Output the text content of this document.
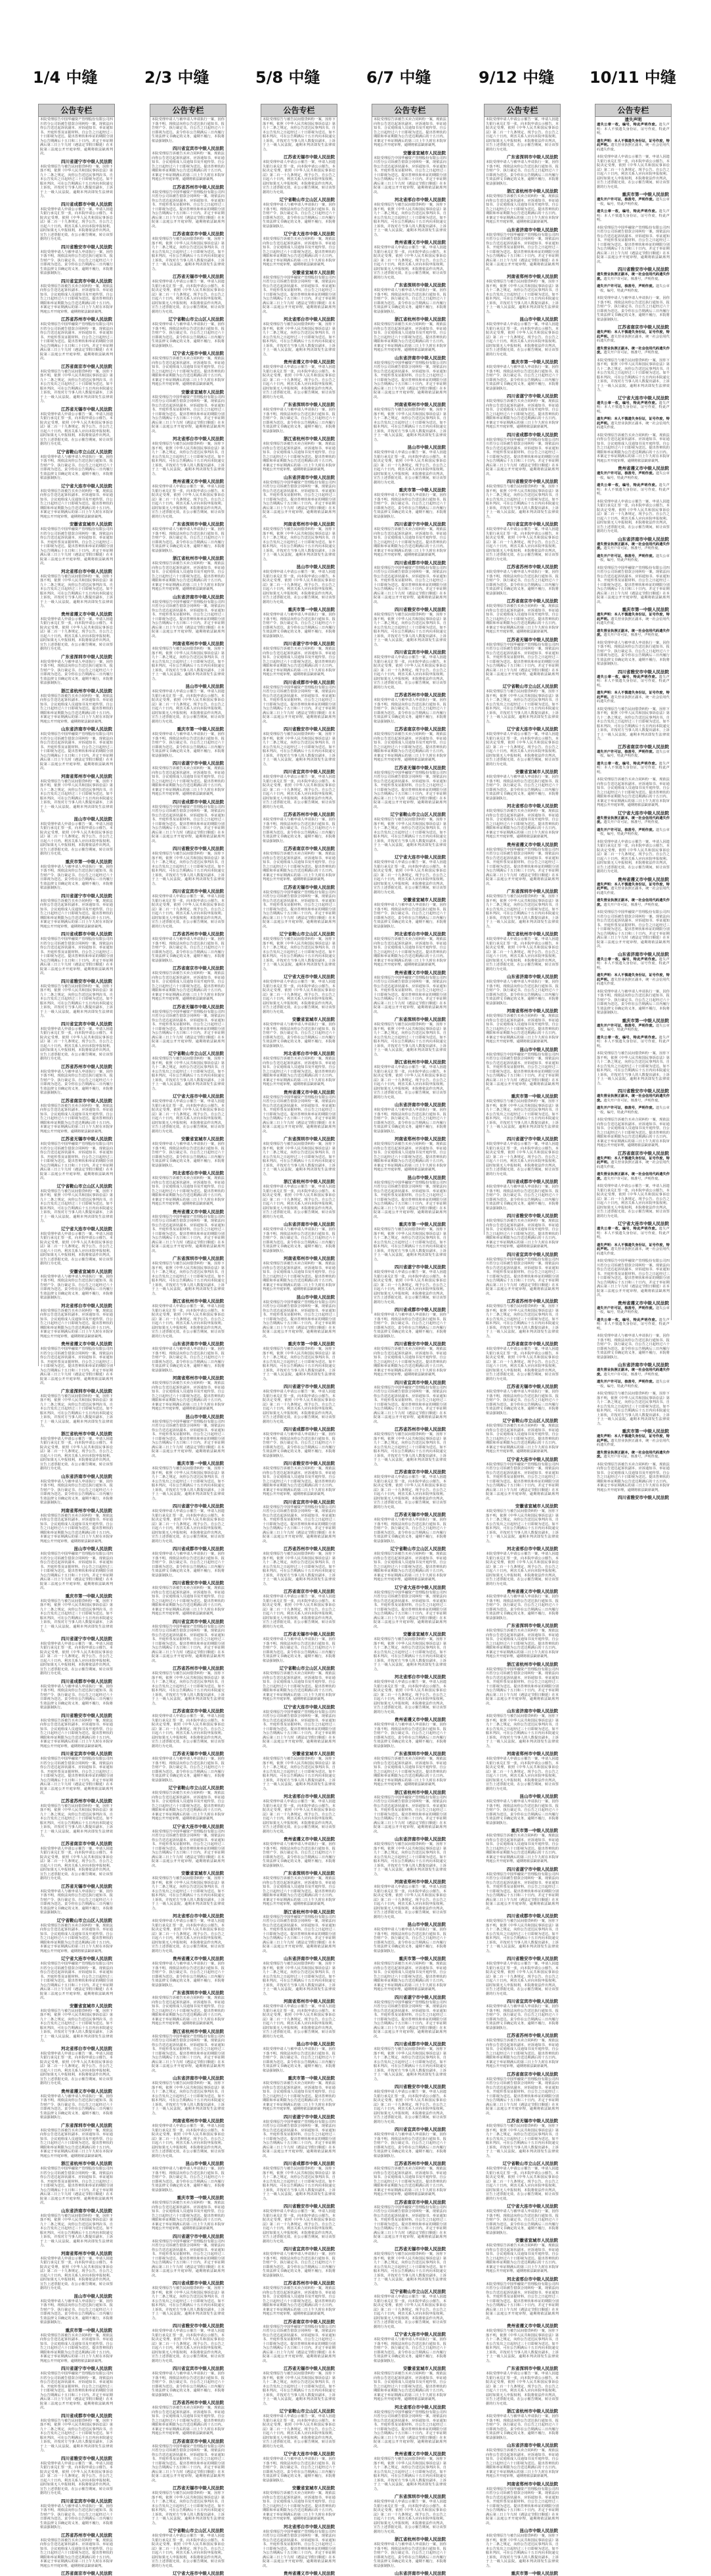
1/4 中缝
公告专栏
本院受理原告中国华融资产管理股份有限公司四川省分公司诉被告借款合同纠纷一案，现依法向你公告送达起诉状副本、应诉通知书、举证通知书、开庭传票及证据材料。自公告之日起经过三十日即视为送达。提出答辩状和举证的期限分别为公告期满后十五日和三十日内。并定于举证期满后第三日上午九时（遇法定节假日顺延）在本院第三法庭公开开庭审理，逾期将依法缺席判决。
四川省遂宁市中级人民法院
本院受理原告与被告民间借贷纠纷一案，因你下落不明，依照《中华人民共和国民事诉讼法》第九十二条之规定，向你公告送达民事判决书。自本公告发出之日起经过三十日即视为送达。如不服本判决，可在公告期满后十五日内向本院递交上诉状，并按对方当事人的人数提出副本，上诉于上一级人民法院。逾期本判决即发生法律效力。
四川省成都市中级人民法院
本院受理申请人申请公示催告一案，申请人因遗失银行承兑汇票一张，向本院申请公示催告。本院决定受理，依照《中华人民共和国民事诉讼法》第二百一十九条规定，现予公告。自公告之日起六十日内，利害关系人应向本院申报权利。届时如果无人申报权利，本院将依法作出判决，宣告上述票据无效。在公示催告期间，转让该票据的行为无效。
四川省雅安市中级人民法院
本院受理申请人与被申请人申请执行一案，因你下落不明，现依法向你公告送达执行通知书、报告财产令、执行裁定书。自公告之日起经过六十日即视为送达。责令你在公告期满后三日内履行生效法律文书确定的义务，逾期不履行，本院将依法强制执行。
四川省宜宾市中级人民法院
本院受理原告诉被告买卖合同纠纷一案，现依法向你公告送达起诉状副本、应诉通知书、举证通知书、合议庭组成人员通知书及开庭传票。自公告之日起经过六十日即视为送达。提出答辩状的期限和举证期限为公告送达期满后的十五日内。本案定于举证期满后的第三日上午九时在本院审判庭公开开庭审理，逾期将依法缺席裁判。
江苏省苏州市中级人民法院
本院受理原告中国华融资产管理股份有限公司四川省分公司诉被告借款合同纠纷一案，现依法向你公告送达起诉状副本、应诉通知书、举证通知书、开庭传票及证据材料。自公告之日起经过三十日即视为送达。提出答辩状和举证的期限分别为公告期满后十五日和三十日内。并定于举证期满后第三日上午九时（遇法定节假日顺延）在本院第三法庭公开开庭审理，逾期将依法缺席判决。
江苏省南京市中级人民法院
本院受理原告与被告民间借贷纠纷一案，因你下落不明，依照《中华人民共和国民事诉讼法》第九十二条之规定，向你公告送达民事判决书。自本公告发出之日起经过三十日即视为送达。如不服本判决，可在公告期满后十五日内向本院递交上诉状，并按对方当事人的人数提出副本，上诉于上一级人民法院。逾期本判决即发生法律效力。
江苏省无锡市中级人民法院
本院受理申请人申请公示催告一案，申请人因遗失银行承兑汇票一张，向本院申请公示催告。本院决定受理，依照《中华人民共和国民事诉讼法》第二百一十九条规定，现予公告。自公告之日起六十日内，利害关系人应向本院申报权利。届时如果无人申报权利，本院将依法作出判决，宣告上述票据无效。在公示催告期间，转让该票据的行为无效。
辽宁省鞍山市立山区人民法院
本院受理申请人与被申请人申请执行一案，因你下落不明，现依法向你公告送达执行通知书、报告财产令、执行裁定书。自公告之日起经过六十日即视为送达。责令你在公告期满后三日内履行生效法律文书确定的义务，逾期不履行，本院将依法强制执行。
辽宁省大连市中级人民法院
本院受理原告诉被告买卖合同纠纷一案，现依法向你公告送达起诉状副本、应诉通知书、举证通知书、合议庭组成人员通知书及开庭传票。自公告之日起经过六十日即视为送达。提出答辩状的期限和举证期限为公告送达期满后的十五日内。本案定于举证期满后的第三日上午九时在本院审判庭公开开庭审理，逾期将依法缺席裁判。
安徽省宣城市人民法院
本院受理原告中国华融资产管理股份有限公司四川省分公司诉被告借款合同纠纷一案，现依法向你公告送达起诉状副本、应诉通知书、举证通知书、开庭传票及证据材料。自公告之日起经过三十日即视为送达。提出答辩状和举证的期限分别为公告期满后十五日和三十日内。并定于举证期满后第三日上午九时（遇法定节假日顺延）在本院第三法庭公开开庭审理，逾期将依法缺席判决。
河北省邢台市中级人民法院
本院受理原告与被告民间借贷纠纷一案，因你下落不明，依照《中华人民共和国民事诉讼法》第九十二条之规定，向你公告送达民事判决书。自本公告发出之日起经过三十日即视为送达。如不服本判决，可在公告期满后十五日内向本院递交上诉状，并按对方当事人的人数提出副本，上诉于上一级人民法院。逾期本判决即发生法律效力。
贵州省遵义市中级人民法院
本院受理申请人申请公示催告一案，申请人因遗失银行承兑汇票一张，向本院申请公示催告。本院决定受理，依照《中华人民共和国民事诉讼法》第二百一十九条规定，现予公告。自公告之日起六十日内，利害关系人应向本院申报权利。届时如果无人申报权利，本院将依法作出判决，宣告上述票据无效。在公示催告期间，转让该票据的行为无效。
广东省深圳市中级人民法院
本院受理申请人与被申请人申请执行一案，因你下落不明，现依法向你公告送达执行通知书、报告财产令、执行裁定书。自公告之日起经过六十日即视为送达。责令你在公告期满后三日内履行生效法律文书确定的义务，逾期不履行，本院将依法强制执行。
浙江省杭州市中级人民法院
本院受理原告诉被告买卖合同纠纷一案，现依法向你公告送达起诉状副本、应诉通知书、举证通知书、合议庭组成人员通知书及开庭传票。自公告之日起经过六十日即视为送达。提出答辩状的期限和举证期限为公告送达期满后的十五日内。本案定于举证期满后的第三日上午九时在本院审判庭公开开庭审理，逾期将依法缺席裁判。
山东省济南市中级人民法院
本院受理原告中国华融资产管理股份有限公司四川省分公司诉被告借款合同纠纷一案，现依法向你公告送达起诉状副本、应诉通知书、举证通知书、开庭传票及证据材料。自公告之日起经过三十日即视为送达。提出答辩状和举证的期限分别为公告期满后十五日和三十日内。并定于举证期满后第三日上午九时（遇法定节假日顺延）在本院第三法庭公开开庭审理，逾期将依法缺席判决。
河南省郑州市中级人民法院
本院受理原告与被告民间借贷纠纷一案，因你下落不明，依照《中华人民共和国民事诉讼法》第九十二条之规定，向你公告送达民事判决书。自本公告发出之日起经过三十日即视为送达。如不服本判决，可在公告期满后十五日内向本院递交上诉状，并按对方当事人的人数提出副本，上诉于上一级人民法院。逾期本判决即发生法律效力。
昆山市中级人民法院
本院受理申请人申请公示催告一案，申请人因遗失银行承兑汇票一张，向本院申请公示催告。本院决定受理，依照《中华人民共和国民事诉讼法》第二百一十九条规定，现予公告。自公告之日起六十日内，利害关系人应向本院申报权利。届时如果无人申报权利，本院将依法作出判决，宣告上述票据无效。在公示催告期间，转让该票据的行为无效。
重庆市第一中级人民法院
本院受理申请人与被申请人申请执行一案，因你下落不明，现依法向你公告送达执行通知书、报告财产令、执行裁定书。自公告之日起经过六十日即视为送达。责令你在公告期满后三日内履行生效法律文书确定的义务，逾期不履行，本院将依法强制执行。
四川省遂宁市中级人民法院
本院受理原告诉被告买卖合同纠纷一案，现依法向你公告送达起诉状副本、应诉通知书、举证通知书、合议庭组成人员通知书及开庭传票。自公告之日起经过六十日即视为送达。提出答辩状的期限和举证期限为公告送达期满后的十五日内。本案定于举证期满后的第三日上午九时在本院审判庭公开开庭审理，逾期将依法缺席裁判。
四川省成都市中级人民法院
本院受理原告中国华融资产管理股份有限公司四川省分公司诉被告借款合同纠纷一案，现依法向你公告送达起诉状副本、应诉通知书、举证通知书、开庭传票及证据材料。自公告之日起经过三十日即视为送达。提出答辩状和举证的期限分别为公告期满后十五日和三十日内。并定于举证期满后第三日上午九时（遇法定节假日顺延）在本院第三法庭公开开庭审理，逾期将依法缺席判决。
四川省雅安市中级人民法院
本院受理原告与被告民间借贷纠纷一案，因你下落不明，依照《中华人民共和国民事诉讼法》第九十二条之规定，向你公告送达民事判决书。自本公告发出之日起经过三十日即视为送达。如不服本判决，可在公告期满后十五日内向本院递交上诉状，并按对方当事人的人数提出副本，上诉于上一级人民法院。逾期本判决即发生法律效力。
四川省宜宾市中级人民法院
本院受理申请人申请公示催告一案，申请人因遗失银行承兑汇票一张，向本院申请公示催告。本院决定受理，依照《中华人民共和国民事诉讼法》第二百一十九条规定，现予公告。自公告之日起六十日内，利害关系人应向本院申报权利。届时如果无人申报权利，本院将依法作出判决，宣告上述票据无效。在公示催告期间，转让该票据的行为无效。
江苏省苏州市中级人民法院
本院受理申请人与被申请人申请执行一案，因你下落不明，现依法向你公告送达执行通知书、报告财产令、执行裁定书。自公告之日起经过六十日即视为送达。责令你在公告期满后三日内履行生效法律文书确定的义务，逾期不履行，本院将依法强制执行。
江苏省南京市中级人民法院
本院受理原告诉被告买卖合同纠纷一案，现依法向你公告送达起诉状副本、应诉通知书、举证通知书、合议庭组成人员通知书及开庭传票。自公告之日起经过六十日即视为送达。提出答辩状的期限和举证期限为公告送达期满后的十五日内。本案定于举证期满后的第三日上午九时在本院审判庭公开开庭审理，逾期将依法缺席裁判。
江苏省无锡市中级人民法院
本院受理原告中国华融资产管理股份有限公司四川省分公司诉被告借款合同纠纷一案，现依法向你公告送达起诉状副本、应诉通知书、举证通知书、开庭传票及证据材料。自公告之日起经过三十日即视为送达。提出答辩状和举证的期限分别为公告期满后十五日和三十日内。并定于举证期满后第三日上午九时（遇法定节假日顺延）在本院第三法庭公开开庭审理，逾期将依法缺席判决。
辽宁省鞍山市立山区人民法院
本院受理原告与被告民间借贷纠纷一案，因你下落不明，依照《中华人民共和国民事诉讼法》第九十二条之规定，向你公告送达民事判决书。自本公告发出之日起经过三十日即视为送达。如不服本判决，可在公告期满后十五日内向本院递交上诉状，并按对方当事人的人数提出副本，上诉于上一级人民法院。逾期本判决即发生法律效力。
辽宁省大连市中级人民法院
本院受理申请人申请公示催告一案，申请人因遗失银行承兑汇票一张，向本院申请公示催告。本院决定受理，依照《中华人民共和国民事诉讼法》第二百一十九条规定，现予公告。自公告之日起六十日内，利害关系人应向本院申报权利。届时如果无人申报权利，本院将依法作出判决，宣告上述票据无效。在公示催告期间，转让该票据的行为无效。
安徽省宣城市人民法院
本院受理申请人与被申请人申请执行一案，因你下落不明，现依法向你公告送达执行通知书、报告财产令、执行裁定书。自公告之日起经过六十日即视为送达。责令你在公告期满后三日内履行生效法律文书确定的义务，逾期不履行，本院将依法强制执行。
河北省邢台市中级人民法院
本院受理原告诉被告买卖合同纠纷一案，现依法向你公告送达起诉状副本、应诉通知书、举证通知书、合议庭组成人员通知书及开庭传票。自公告之日起经过六十日即视为送达。提出答辩状的期限和举证期限为公告送达期满后的十五日内。本案定于举证期满后的第三日上午九时在本院审判庭公开开庭审理，逾期将依法缺席裁判。
贵州省遵义市中级人民法院
本院受理原告中国华融资产管理股份有限公司四川省分公司诉被告借款合同纠纷一案，现依法向你公告送达起诉状副本、应诉通知书、举证通知书、开庭传票及证据材料。自公告之日起经过三十日即视为送达。提出答辩状和举证的期限分别为公告期满后十五日和三十日内。并定于举证期满后第三日上午九时（遇法定节假日顺延）在本院第三法庭公开开庭审理，逾期将依法缺席判决。
广东省深圳市中级人民法院
本院受理原告与被告民间借贷纠纷一案，因你下落不明，依照《中华人民共和国民事诉讼法》第九十二条之规定，向你公告送达民事判决书。自本公告发出之日起经过三十日即视为送达。如不服本判决，可在公告期满后十五日内向本院递交上诉状，并按对方当事人的人数提出副本，上诉于上一级人民法院。逾期本判决即发生法律效力。
浙江省杭州市中级人民法院
本院受理申请人申请公示催告一案，申请人因遗失银行承兑汇票一张，向本院申请公示催告。本院决定受理，依照《中华人民共和国民事诉讼法》第二百一十九条规定，现予公告。自公告之日起六十日内，利害关系人应向本院申报权利。届时如果无人申报权利，本院将依法作出判决，宣告上述票据无效。在公示催告期间，转让该票据的行为无效。
山东省济南市中级人民法院
本院受理申请人与被申请人申请执行一案，因你下落不明，现依法向你公告送达执行通知书、报告财产令、执行裁定书。自公告之日起经过六十日即视为送达。责令你在公告期满后三日内履行生效法律文书确定的义务，逾期不履行，本院将依法强制执行。
河南省郑州市中级人民法院
本院受理原告诉被告买卖合同纠纷一案，现依法向你公告送达起诉状副本、应诉通知书、举证通知书、合议庭组成人员通知书及开庭传票。自公告之日起经过六十日即视为送达。提出答辩状的期限和举证期限为公告送达期满后的十五日内。本案定于举证期满后的第三日上午九时在本院审判庭公开开庭审理，逾期将依法缺席裁判。
昆山市中级人民法院
本院受理原告中国华融资产管理股份有限公司四川省分公司诉被告借款合同纠纷一案，现依法向你公告送达起诉状副本、应诉通知书、举证通知书、开庭传票及证据材料。自公告之日起经过三十日即视为送达。提出答辩状和举证的期限分别为公告期满后十五日和三十日内。并定于举证期满后第三日上午九时（遇法定节假日顺延）在本院第三法庭公开开庭审理，逾期将依法缺席判决。
重庆市第一中级人民法院
本院受理原告与被告民间借贷纠纷一案，因你下落不明，依照《中华人民共和国民事诉讼法》第九十二条之规定，向你公告送达民事判决书。自本公告发出之日起经过三十日即视为送达。如不服本判决，可在公告期满后十五日内向本院递交上诉状，并按对方当事人的人数提出副本，上诉于上一级人民法院。逾期本判决即发生法律效力。
四川省遂宁市中级人民法院
本院受理申请人申请公示催告一案，申请人因遗失银行承兑汇票一张，向本院申请公示催告。本院决定受理，依照《中华人民共和国民事诉讼法》第二百一十九条规定，现予公告。自公告之日起六十日内，利害关系人应向本院申报权利。届时如果无人申报权利，本院将依法作出判决，宣告上述票据无效。在公示催告期间，转让该票据的行为无效。
四川省成都市中级人民法院
本院受理申请人与被申请人申请执行一案，因你下落不明，现依法向你公告送达执行通知书、报告财产令、执行裁定书。自公告之日起经过六十日即视为送达。责令你在公告期满后三日内履行生效法律文书确定的义务，逾期不履行，本院将依法强制执行。
四川省雅安市中级人民法院
本院受理原告诉被告买卖合同纠纷一案，现依法向你公告送达起诉状副本、应诉通知书、举证通知书、合议庭组成人员通知书及开庭传票。自公告之日起经过六十日即视为送达。提出答辩状的期限和举证期限为公告送达期满后的十五日内。本案定于举证期满后的第三日上午九时在本院审判庭公开开庭审理，逾期将依法缺席裁判。
四川省宜宾市中级人民法院
本院受理原告中国华融资产管理股份有限公司四川省分公司诉被告借款合同纠纷一案，现依法向你公告送达起诉状副本、应诉通知书、举证通知书、开庭传票及证据材料。自公告之日起经过三十日即视为送达。提出答辩状和举证的期限分别为公告期满后十五日和三十日内。并定于举证期满后第三日上午九时（遇法定节假日顺延）在本院第三法庭公开开庭审理，逾期将依法缺席判决。
江苏省苏州市中级人民法院
本院受理原告与被告民间借贷纠纷一案，因你下落不明，依照《中华人民共和国民事诉讼法》第九十二条之规定，向你公告送达民事判决书。自本公告发出之日起经过三十日即视为送达。如不服本判决，可在公告期满后十五日内向本院递交上诉状，并按对方当事人的人数提出副本，上诉于上一级人民法院。逾期本判决即发生法律效力。
江苏省南京市中级人民法院
本院受理申请人申请公示催告一案，申请人因遗失银行承兑汇票一张，向本院申请公示催告。本院决定受理，依照《中华人民共和国民事诉讼法》第二百一十九条规定，现予公告。自公告之日起六十日内，利害关系人应向本院申报权利。届时如果无人申报权利，本院将依法作出判决，宣告上述票据无效。在公示催告期间，转让该票据的行为无效。
江苏省无锡市中级人民法院
本院受理申请人与被申请人申请执行一案，因你下落不明，现依法向你公告送达执行通知书、报告财产令、执行裁定书。自公告之日起经过六十日即视为送达。责令你在公告期满后三日内履行生效法律文书确定的义务，逾期不履行，本院将依法强制执行。
辽宁省鞍山市立山区人民法院
本院受理原告诉被告买卖合同纠纷一案，现依法向你公告送达起诉状副本、应诉通知书、举证通知书、合议庭组成人员通知书及开庭传票。自公告之日起经过六十日即视为送达。提出答辩状的期限和举证期限为公告送达期满后的十五日内。本案定于举证期满后的第三日上午九时在本院审判庭公开开庭审理，逾期将依法缺席裁判。
辽宁省大连市中级人民法院
本院受理原告中国华融资产管理股份有限公司四川省分公司诉被告借款合同纠纷一案，现依法向你公告送达起诉状副本、应诉通知书、举证通知书、开庭传票及证据材料。自公告之日起经过三十日即视为送达。提出答辩状和举证的期限分别为公告期满后十五日和三十日内。并定于举证期满后第三日上午九时（遇法定节假日顺延）在本院第三法庭公开开庭审理，逾期将依法缺席判决。
安徽省宣城市人民法院
本院受理原告与被告民间借贷纠纷一案，因你下落不明，依照《中华人民共和国民事诉讼法》第九十二条之规定，向你公告送达民事判决书。自本公告发出之日起经过三十日即视为送达。如不服本判决，可在公告期满后十五日内向本院递交上诉状，并按对方当事人的人数提出副本，上诉于上一级人民法院。逾期本判决即发生法律效力。
河北省邢台市中级人民法院
本院受理申请人申请公示催告一案，申请人因遗失银行承兑汇票一张，向本院申请公示催告。本院决定受理，依照《中华人民共和国民事诉讼法》第二百一十九条规定，现予公告。自公告之日起六十日内，利害关系人应向本院申报权利。届时如果无人申报权利，本院将依法作出判决，宣告上述票据无效。在公示催告期间，转让该票据的行为无效。
贵州省遵义市中级人民法院
本院受理申请人与被申请人申请执行一案，因你下落不明，现依法向你公告送达执行通知书、报告财产令、执行裁定书。自公告之日起经过六十日即视为送达。责令你在公告期满后三日内履行生效法律文书确定的义务，逾期不履行，本院将依法强制执行。
广东省深圳市中级人民法院
本院受理原告诉被告买卖合同纠纷一案，现依法向你公告送达起诉状副本、应诉通知书、举证通知书、合议庭组成人员通知书及开庭传票。自公告之日起经过六十日即视为送达。提出答辩状的期限和举证期限为公告送达期满后的十五日内。本案定于举证期满后的第三日上午九时在本院审判庭公开开庭审理，逾期将依法缺席裁判。
浙江省杭州市中级人民法院
本院受理原告中国华融资产管理股份有限公司四川省分公司诉被告借款合同纠纷一案，现依法向你公告送达起诉状副本、应诉通知书、举证通知书、开庭传票及证据材料。自公告之日起经过三十日即视为送达。提出答辩状和举证的期限分别为公告期满后十五日和三十日内。并定于举证期满后第三日上午九时（遇法定节假日顺延）在本院第三法庭公开开庭审理，逾期将依法缺席判决。
山东省济南市中级人民法院
本院受理原告与被告民间借贷纠纷一案，因你下落不明，依照《中华人民共和国民事诉讼法》第九十二条之规定，向你公告送达民事判决书。自本公告发出之日起经过三十日即视为送达。如不服本判决，可在公告期满后十五日内向本院递交上诉状，并按对方当事人的人数提出副本，上诉于上一级人民法院。逾期本判决即发生法律效力。
河南省郑州市中级人民法院
本院受理申请人申请公示催告一案，申请人因遗失银行承兑汇票一张，向本院申请公示催告。本院决定受理，依照《中华人民共和国民事诉讼法》第二百一十九条规定，现予公告。自公告之日起六十日内，利害关系人应向本院申报权利。届时如果无人申报权利，本院将依法作出判决，宣告上述票据无效。在公示催告期间，转让该票据的行为无效。
昆山市中级人民法院
本院受理申请人与被申请人申请执行一案，因你下落不明，现依法向你公告送达执行通知书、报告财产令、执行裁定书。自公告之日起经过六十日即视为送达。责令你在公告期满后三日内履行生效法律文书确定的义务，逾期不履行，本院将依法强制执行。
重庆市第一中级人民法院
本院受理原告诉被告买卖合同纠纷一案，现依法向你公告送达起诉状副本、应诉通知书、举证通知书、合议庭组成人员通知书及开庭传票。自公告之日起经过六十日即视为送达。提出答辩状的期限和举证期限为公告送达期满后的十五日内。本案定于举证期满后的第三日上午九时在本院审判庭公开开庭审理，逾期将依法缺席裁判。
四川省遂宁市中级人民法院
本院受理原告中国华融资产管理股份有限公司四川省分公司诉被告借款合同纠纷一案，现依法向你公告送达起诉状副本、应诉通知书、举证通知书、开庭传票及证据材料。自公告之日起经过三十日即视为送达。提出答辩状和举证的期限分别为公告期满后十五日和三十日内。并定于举证期满后第三日上午九时（遇法定节假日顺延）在本院第三法庭公开开庭审理，逾期将依法缺席判决。
四川省成都市中级人民法院
本院受理原告与被告民间借贷纠纷一案，因你下落不明，依照《中华人民共和国民事诉讼法》第九十二条之规定，向你公告送达民事判决书。自本公告发出之日起经过三十日即视为送达。如不服本判决，可在公告期满后十五日内向本院递交上诉状，并按对方当事人的人数提出副本，上诉于上一级人民法院。逾期本判决即发生法律效力。
四川省雅安市中级人民法院
本院受理申请人申请公示催告一案，申请人因遗失银行承兑汇票一张，向本院申请公示催告。本院决定受理，依照《中华人民共和国民事诉讼法》第二百一十九条规定，现予公告。自公告之日起六十日内，利害关系人应向本院申报权利。届时如果无人申报权利，本院将依法作出判决，宣告上述票据无效。在公示催告期间，转让该票据的行为无效。
四川省宜宾市中级人民法院
本院受理申请人与被申请人申请执行一案，因你下落不明，现依法向你公告送达执行通知书、报告财产令、执行裁定书。自公告之日起经过六十日即视为送达。责令你在公告期满后三日内履行生效法律文书确定的义务，逾期不履行，本院将依法强制执行。
江苏省苏州市中级人民法院
本院受理原告诉被告买卖合同纠纷一案，现依法向你公告送达起诉状副本、应诉通知书、举证通知书、合议庭组成人员通知书及开庭传票。自公告之日起经过六十日即视为送达。提出答辩状的期限和举证期限为公告送达期满后的十五日内。本案定于举证期满后的第三日上午九时在本院审判庭公开开庭审理，逾期将依法缺席裁判。
江苏省南京市中级人民法院
2/3 中缝
公告专栏
本院受理申请人与被申请人申请执行一案，因你下落不明，现依法向你公告送达执行通知书、报告财产令、执行裁定书。自公告之日起经过六十日即视为送达。责令你在公告期满后三日内履行生效法律文书确定的义务，逾期不履行，本院将依法强制执行。
四川省宜宾市中级人民法院
本院受理原告诉被告买卖合同纠纷一案，现依法向你公告送达起诉状副本、应诉通知书、举证通知书、合议庭组成人员通知书及开庭传票。自公告之日起经过六十日即视为送达。提出答辩状的期限和举证期限为公告送达期满后的十五日内。本案定于举证期满后的第三日上午九时在本院审判庭公开开庭审理，逾期将依法缺席裁判。
江苏省苏州市中级人民法院
本院受理原告中国华融资产管理股份有限公司四川省分公司诉被告借款合同纠纷一案，现依法向你公告送达起诉状副本、应诉通知书、举证通知书、开庭传票及证据材料。自公告之日起经过三十日即视为送达。提出答辩状和举证的期限分别为公告期满后十五日和三十日内。并定于举证期满后第三日上午九时（遇法定节假日顺延）在本院第三法庭公开开庭审理，逾期将依法缺席判决。
江苏省南京市中级人民法院
本院受理原告与被告民间借贷纠纷一案，因你下落不明，依照《中华人民共和国民事诉讼法》第九十二条之规定，向你公告送达民事判决书。自本公告发出之日起经过三十日即视为送达。如不服本判决，可在公告期满后十五日内向本院递交上诉状，并按对方当事人的人数提出副本，上诉于上一级人民法院。逾期本判决即发生法律效力。
江苏省无锡市中级人民法院
本院受理申请人申请公示催告一案，申请人因遗失银行承兑汇票一张，向本院申请公示催告。本院决定受理，依照《中华人民共和国民事诉讼法》第二百一十九条规定，现予公告。自公告之日起六十日内，利害关系人应向本院申报权利。届时如果无人申报权利，本院将依法作出判决，宣告上述票据无效。在公示催告期间，转让该票据的行为无效。
辽宁省鞍山市立山区人民法院
本院受理申请人与被申请人申请执行一案，因你下落不明，现依法向你公告送达执行通知书、报告财产令、执行裁定书。自公告之日起经过六十日即视为送达。责令你在公告期满后三日内履行生效法律文书确定的义务，逾期不履行，本院将依法强制执行。
辽宁省大连市中级人民法院
本院受理原告诉被告买卖合同纠纷一案，现依法向你公告送达起诉状副本、应诉通知书、举证通知书、合议庭组成人员通知书及开庭传票。自公告之日起经过六十日即视为送达。提出答辩状的期限和举证期限为公告送达期满后的十五日内。本案定于举证期满后的第三日上午九时在本院审判庭公开开庭审理，逾期将依法缺席裁判。
安徽省宣城市人民法院
本院受理原告中国华融资产管理股份有限公司四川省分公司诉被告借款合同纠纷一案，现依法向你公告送达起诉状副本、应诉通知书、举证通知书、开庭传票及证据材料。自公告之日起经过三十日即视为送达。提出答辩状和举证的期限分别为公告期满后十五日和三十日内。并定于举证期满后第三日上午九时（遇法定节假日顺延）在本院第三法庭公开开庭审理，逾期将依法缺席判决。
河北省邢台市中级人民法院
本院受理原告与被告民间借贷纠纷一案，因你下落不明，依照《中华人民共和国民事诉讼法》第九十二条之规定，向你公告送达民事判决书。自本公告发出之日起经过三十日即视为送达。如不服本判决，可在公告期满后十五日内向本院递交上诉状，并按对方当事人的人数提出副本，上诉于上一级人民法院。逾期本判决即发生法律效力。
贵州省遵义市中级人民法院
本院受理申请人申请公示催告一案，申请人因遗失银行承兑汇票一张，向本院申请公示催告。本院决定受理，依照《中华人民共和国民事诉讼法》第二百一十九条规定，现予公告。自公告之日起六十日内，利害关系人应向本院申报权利。届时如果无人申报权利，本院将依法作出判决，宣告上述票据无效。在公示催告期间，转让该票据的行为无效。
广东省深圳市中级人民法院
本院受理申请人与被申请人申请执行一案，因你下落不明，现依法向你公告送达执行通知书、报告财产令、执行裁定书。自公告之日起经过六十日即视为送达。责令你在公告期满后三日内履行生效法律文书确定的义务，逾期不履行，本院将依法强制执行。
浙江省杭州市中级人民法院
本院受理原告诉被告买卖合同纠纷一案，现依法向你公告送达起诉状副本、应诉通知书、举证通知书、合议庭组成人员通知书及开庭传票。自公告之日起经过六十日即视为送达。提出答辩状的期限和举证期限为公告送达期满后的十五日内。本案定于举证期满后的第三日上午九时在本院审判庭公开开庭审理，逾期将依法缺席裁判。
山东省济南市中级人民法院
本院受理原告中国华融资产管理股份有限公司四川省分公司诉被告借款合同纠纷一案，现依法向你公告送达起诉状副本、应诉通知书、举证通知书、开庭传票及证据材料。自公告之日起经过三十日即视为送达。提出答辩状和举证的期限分别为公告期满后十五日和三十日内。并定于举证期满后第三日上午九时（遇法定节假日顺延）在本院第三法庭公开开庭审理，逾期将依法缺席判决。
河南省郑州市中级人民法院
本院受理原告与被告民间借贷纠纷一案，因你下落不明，依照《中华人民共和国民事诉讼法》第九十二条之规定，向你公告送达民事判决书。自本公告发出之日起经过三十日即视为送达。如不服本判决，可在公告期满后十五日内向本院递交上诉状，并按对方当事人的人数提出副本，上诉于上一级人民法院。逾期本判决即发生法律效力。
昆山市中级人民法院
本院受理申请人申请公示催告一案，申请人因遗失银行承兑汇票一张，向本院申请公示催告。本院决定受理，依照《中华人民共和国民事诉讼法》第二百一十九条规定，现予公告。自公告之日起六十日内，利害关系人应向本院申报权利。届时如果无人申报权利，本院将依法作出判决，宣告上述票据无效。在公示催告期间，转让该票据的行为无效。
重庆市第一中级人民法院
本院受理申请人与被申请人申请执行一案，因你下落不明，现依法向你公告送达执行通知书、报告财产令、执行裁定书。自公告之日起经过六十日即视为送达。责令你在公告期满后三日内履行生效法律文书确定的义务，逾期不履行，本院将依法强制执行。
四川省遂宁市中级人民法院
本院受理原告诉被告买卖合同纠纷一案，现依法向你公告送达起诉状副本、应诉通知书、举证通知书、合议庭组成人员通知书及开庭传票。自公告之日起经过六十日即视为送达。提出答辩状的期限和举证期限为公告送达期满后的十五日内。本案定于举证期满后的第三日上午九时在本院审判庭公开开庭审理，逾期将依法缺席裁判。
四川省成都市中级人民法院
本院受理原告中国华融资产管理股份有限公司四川省分公司诉被告借款合同纠纷一案，现依法向你公告送达起诉状副本、应诉通知书、举证通知书、开庭传票及证据材料。自公告之日起经过三十日即视为送达。提出答辩状和举证的期限分别为公告期满后十五日和三十日内。并定于举证期满后第三日上午九时（遇法定节假日顺延）在本院第三法庭公开开庭审理，逾期将依法缺席判决。
四川省雅安市中级人民法院
本院受理原告与被告民间借贷纠纷一案，因你下落不明，依照《中华人民共和国民事诉讼法》第九十二条之规定，向你公告送达民事判决书。自本公告发出之日起经过三十日即视为送达。如不服本判决，可在公告期满后十五日内向本院递交上诉状，并按对方当事人的人数提出副本，上诉于上一级人民法院。逾期本判决即发生法律效力。
四川省宜宾市中级人民法院
本院受理申请人申请公示催告一案，申请人因遗失银行承兑汇票一张，向本院申请公示催告。本院决定受理，依照《中华人民共和国民事诉讼法》第二百一十九条规定，现予公告。自公告之日起六十日内，利害关系人应向本院申报权利。届时如果无人申报权利，本院将依法作出判决，宣告上述票据无效。在公示催告期间，转让该票据的行为无效。
江苏省苏州市中级人民法院
本院受理申请人与被申请人申请执行一案，因你下落不明，现依法向你公告送达执行通知书、报告财产令、执行裁定书。自公告之日起经过六十日即视为送达。责令你在公告期满后三日内履行生效法律文书确定的义务，逾期不履行，本院将依法强制执行。
江苏省南京市中级人民法院
本院受理原告诉被告买卖合同纠纷一案，现依法向你公告送达起诉状副本、应诉通知书、举证通知书、合议庭组成人员通知书及开庭传票。自公告之日起经过六十日即视为送达。提出答辩状的期限和举证期限为公告送达期满后的十五日内。本案定于举证期满后的第三日上午九时在本院审判庭公开开庭审理，逾期将依法缺席裁判。
江苏省无锡市中级人民法院
本院受理原告中国华融资产管理股份有限公司四川省分公司诉被告借款合同纠纷一案，现依法向你公告送达起诉状副本、应诉通知书、举证通知书、开庭传票及证据材料。自公告之日起经过三十日即视为送达。提出答辩状和举证的期限分别为公告期满后十五日和三十日内。并定于举证期满后第三日上午九时（遇法定节假日顺延）在本院第三法庭公开开庭审理，逾期将依法缺席判决。
辽宁省鞍山市立山区人民法院
本院受理原告与被告民间借贷纠纷一案，因你下落不明，依照《中华人民共和国民事诉讼法》第九十二条之规定，向你公告送达民事判决书。自本公告发出之日起经过三十日即视为送达。如不服本判决，可在公告期满后十五日内向本院递交上诉状，并按对方当事人的人数提出副本，上诉于上一级人民法院。逾期本判决即发生法律效力。
辽宁省大连市中级人民法院
本院受理申请人申请公示催告一案，申请人因遗失银行承兑汇票一张，向本院申请公示催告。本院决定受理，依照《中华人民共和国民事诉讼法》第二百一十九条规定，现予公告。自公告之日起六十日内，利害关系人应向本院申报权利。届时如果无人申报权利，本院将依法作出判决，宣告上述票据无效。在公示催告期间，转让该票据的行为无效。
安徽省宣城市人民法院
本院受理申请人与被申请人申请执行一案，因你下落不明，现依法向你公告送达执行通知书、报告财产令、执行裁定书。自公告之日起经过六十日即视为送达。责令你在公告期满后三日内履行生效法律文书确定的义务，逾期不履行，本院将依法强制执行。
河北省邢台市中级人民法院
本院受理原告诉被告买卖合同纠纷一案，现依法向你公告送达起诉状副本、应诉通知书、举证通知书、合议庭组成人员通知书及开庭传票。自公告之日起经过六十日即视为送达。提出答辩状的期限和举证期限为公告送达期满后的十五日内。本案定于举证期满后的第三日上午九时在本院审判庭公开开庭审理，逾期将依法缺席裁判。
贵州省遵义市中级人民法院
本院受理原告中国华融资产管理股份有限公司四川省分公司诉被告借款合同纠纷一案，现依法向你公告送达起诉状副本、应诉通知书、举证通知书、开庭传票及证据材料。自公告之日起经过三十日即视为送达。提出答辩状和举证的期限分别为公告期满后十五日和三十日内。并定于举证期满后第三日上午九时（遇法定节假日顺延）在本院第三法庭公开开庭审理，逾期将依法缺席判决。
广东省深圳市中级人民法院
本院受理原告与被告民间借贷纠纷一案，因你下落不明，依照《中华人民共和国民事诉讼法》第九十二条之规定，向你公告送达民事判决书。自本公告发出之日起经过三十日即视为送达。如不服本判决，可在公告期满后十五日内向本院递交上诉状，并按对方当事人的人数提出副本，上诉于上一级人民法院。逾期本判决即发生法律效力。
浙江省杭州市中级人民法院
本院受理申请人申请公示催告一案，申请人因遗失银行承兑汇票一张，向本院申请公示催告。本院决定受理，依照《中华人民共和国民事诉讼法》第二百一十九条规定，现予公告。自公告之日起六十日内，利害关系人应向本院申报权利。届时如果无人申报权利，本院将依法作出判决，宣告上述票据无效。在公示催告期间，转让该票据的行为无效。
山东省济南市中级人民法院
本院受理申请人与被申请人申请执行一案，因你下落不明，现依法向你公告送达执行通知书、报告财产令、执行裁定书。自公告之日起经过六十日即视为送达。责令你在公告期满后三日内履行生效法律文书确定的义务，逾期不履行，本院将依法强制执行。
河南省郑州市中级人民法院
本院受理原告诉被告买卖合同纠纷一案，现依法向你公告送达起诉状副本、应诉通知书、举证通知书、合议庭组成人员通知书及开庭传票。自公告之日起经过六十日即视为送达。提出答辩状的期限和举证期限为公告送达期满后的十五日内。本案定于举证期满后的第三日上午九时在本院审判庭公开开庭审理，逾期将依法缺席裁判。
昆山市中级人民法院
本院受理原告中国华融资产管理股份有限公司四川省分公司诉被告借款合同纠纷一案，现依法向你公告送达起诉状副本、应诉通知书、举证通知书、开庭传票及证据材料。自公告之日起经过三十日即视为送达。提出答辩状和举证的期限分别为公告期满后十五日和三十日内。并定于举证期满后第三日上午九时（遇法定节假日顺延）在本院第三法庭公开开庭审理，逾期将依法缺席判决。
重庆市第一中级人民法院
本院受理原告与被告民间借贷纠纷一案，因你下落不明，依照《中华人民共和国民事诉讼法》第九十二条之规定，向你公告送达民事判决书。自本公告发出之日起经过三十日即视为送达。如不服本判决，可在公告期满后十五日内向本院递交上诉状，并按对方当事人的人数提出副本，上诉于上一级人民法院。逾期本判决即发生法律效力。
四川省遂宁市中级人民法院
本院受理申请人申请公示催告一案，申请人因遗失银行承兑汇票一张，向本院申请公示催告。本院决定受理，依照《中华人民共和国民事诉讼法》第二百一十九条规定，现予公告。自公告之日起六十日内，利害关系人应向本院申报权利。届时如果无人申报权利，本院将依法作出判决，宣告上述票据无效。在公示催告期间，转让该票据的行为无效。
四川省成都市中级人民法院
本院受理申请人与被申请人申请执行一案，因你下落不明，现依法向你公告送达执行通知书、报告财产令、执行裁定书。自公告之日起经过六十日即视为送达。责令你在公告期满后三日内履行生效法律文书确定的义务，逾期不履行，本院将依法强制执行。
四川省雅安市中级人民法院
本院受理原告诉被告买卖合同纠纷一案，现依法向你公告送达起诉状副本、应诉通知书、举证通知书、合议庭组成人员通知书及开庭传票。自公告之日起经过六十日即视为送达。提出答辩状的期限和举证期限为公告送达期满后的十五日内。本案定于举证期满后的第三日上午九时在本院审判庭公开开庭审理，逾期将依法缺席裁判。
四川省宜宾市中级人民法院
本院受理原告中国华融资产管理股份有限公司四川省分公司诉被告借款合同纠纷一案，现依法向你公告送达起诉状副本、应诉通知书、举证通知书、开庭传票及证据材料。自公告之日起经过三十日即视为送达。提出答辩状和举证的期限分别为公告期满后十五日和三十日内。并定于举证期满后第三日上午九时（遇法定节假日顺延）在本院第三法庭公开开庭审理，逾期将依法缺席判决。
江苏省苏州市中级人民法院
本院受理原告与被告民间借贷纠纷一案，因你下落不明，依照《中华人民共和国民事诉讼法》第九十二条之规定，向你公告送达民事判决书。自本公告发出之日起经过三十日即视为送达。如不服本判决，可在公告期满后十五日内向本院递交上诉状，并按对方当事人的人数提出副本，上诉于上一级人民法院。逾期本判决即发生法律效力。
江苏省南京市中级人民法院
本院受理申请人申请公示催告一案，申请人因遗失银行承兑汇票一张，向本院申请公示催告。本院决定受理，依照《中华人民共和国民事诉讼法》第二百一十九条规定，现予公告。自公告之日起六十日内，利害关系人应向本院申报权利。届时如果无人申报权利，本院将依法作出判决，宣告上述票据无效。在公示催告期间，转让该票据的行为无效。
江苏省无锡市中级人民法院
本院受理申请人与被申请人申请执行一案，因你下落不明，现依法向你公告送达执行通知书、报告财产令、执行裁定书。自公告之日起经过六十日即视为送达。责令你在公告期满后三日内履行生效法律文书确定的义务，逾期不履行，本院将依法强制执行。
辽宁省鞍山市立山区人民法院
本院受理原告诉被告买卖合同纠纷一案，现依法向你公告送达起诉状副本、应诉通知书、举证通知书、合议庭组成人员通知书及开庭传票。自公告之日起经过六十日即视为送达。提出答辩状的期限和举证期限为公告送达期满后的十五日内。本案定于举证期满后的第三日上午九时在本院审判庭公开开庭审理，逾期将依法缺席裁判。
辽宁省大连市中级人民法院
本院受理原告中国华融资产管理股份有限公司四川省分公司诉被告借款合同纠纷一案，现依法向你公告送达起诉状副本、应诉通知书、举证通知书、开庭传票及证据材料。自公告之日起经过三十日即视为送达。提出答辩状和举证的期限分别为公告期满后十五日和三十日内。并定于举证期满后第三日上午九时（遇法定节假日顺延）在本院第三法庭公开开庭审理，逾期将依法缺席判决。
安徽省宣城市人民法院
本院受理原告与被告民间借贷纠纷一案，因你下落不明，依照《中华人民共和国民事诉讼法》第九十二条之规定，向你公告送达民事判决书。自本公告发出之日起经过三十日即视为送达。如不服本判决，可在公告期满后十五日内向本院递交上诉状，并按对方当事人的人数提出副本，上诉于上一级人民法院。逾期本判决即发生法律效力。
河北省邢台市中级人民法院
本院受理申请人申请公示催告一案，申请人因遗失银行承兑汇票一张，向本院申请公示催告。本院决定受理，依照《中华人民共和国民事诉讼法》第二百一十九条规定，现予公告。自公告之日起六十日内，利害关系人应向本院申报权利。届时如果无人申报权利，本院将依法作出判决，宣告上述票据无效。在公示催告期间，转让该票据的行为无效。
贵州省遵义市中级人民法院
本院受理申请人与被申请人申请执行一案，因你下落不明，现依法向你公告送达执行通知书、报告财产令、执行裁定书。自公告之日起经过六十日即视为送达。责令你在公告期满后三日内履行生效法律文书确定的义务，逾期不履行，本院将依法强制执行。
广东省深圳市中级人民法院
本院受理原告诉被告买卖合同纠纷一案，现依法向你公告送达起诉状副本、应诉通知书、举证通知书、合议庭组成人员通知书及开庭传票。自公告之日起经过六十日即视为送达。提出答辩状的期限和举证期限为公告送达期满后的十五日内。本案定于举证期满后的第三日上午九时在本院审判庭公开开庭审理，逾期将依法缺席裁判。
浙江省杭州市中级人民法院
本院受理原告中国华融资产管理股份有限公司四川省分公司诉被告借款合同纠纷一案，现依法向你公告送达起诉状副本、应诉通知书、举证通知书、开庭传票及证据材料。自公告之日起经过三十日即视为送达。提出答辩状和举证的期限分别为公告期满后十五日和三十日内。并定于举证期满后第三日上午九时（遇法定节假日顺延）在本院第三法庭公开开庭审理，逾期将依法缺席判决。
山东省济南市中级人民法院
本院受理原告与被告民间借贷纠纷一案，因你下落不明，依照《中华人民共和国民事诉讼法》第九十二条之规定，向你公告送达民事判决书。自本公告发出之日起经过三十日即视为送达。如不服本判决，可在公告期满后十五日内向本院递交上诉状，并按对方当事人的人数提出副本，上诉于上一级人民法院。逾期本判决即发生法律效力。
河南省郑州市中级人民法院
本院受理申请人申请公示催告一案，申请人因遗失银行承兑汇票一张，向本院申请公示催告。本院决定受理，依照《中华人民共和国民事诉讼法》第二百一十九条规定，现予公告。自公告之日起六十日内，利害关系人应向本院申报权利。届时如果无人申报权利，本院将依法作出判决，宣告上述票据无效。在公示催告期间，转让该票据的行为无效。
昆山市中级人民法院
本院受理申请人与被申请人申请执行一案，因你下落不明，现依法向你公告送达执行通知书、报告财产令、执行裁定书。自公告之日起经过六十日即视为送达。责令你在公告期满后三日内履行生效法律文书确定的义务，逾期不履行，本院将依法强制执行。
重庆市第一中级人民法院
本院受理原告诉被告买卖合同纠纷一案，现依法向你公告送达起诉状副本、应诉通知书、举证通知书、合议庭组成人员通知书及开庭传票。自公告之日起经过六十日即视为送达。提出答辩状的期限和举证期限为公告送达期满后的十五日内。本案定于举证期满后的第三日上午九时在本院审判庭公开开庭审理，逾期将依法缺席裁判。
四川省遂宁市中级人民法院
本院受理原告中国华融资产管理股份有限公司四川省分公司诉被告借款合同纠纷一案，现依法向你公告送达起诉状副本、应诉通知书、举证通知书、开庭传票及证据材料。自公告之日起经过三十日即视为送达。提出答辩状和举证的期限分别为公告期满后十五日和三十日内。并定于举证期满后第三日上午九时（遇法定节假日顺延）在本院第三法庭公开开庭审理，逾期将依法缺席判决。
四川省成都市中级人民法院
本院受理原告与被告民间借贷纠纷一案，因你下落不明，依照《中华人民共和国民事诉讼法》第九十二条之规定，向你公告送达民事判决书。自本公告发出之日起经过三十日即视为送达。如不服本判决，可在公告期满后十五日内向本院递交上诉状，并按对方当事人的人数提出副本，上诉于上一级人民法院。逾期本判决即发生法律效力。
四川省雅安市中级人民法院
本院受理申请人申请公示催告一案，申请人因遗失银行承兑汇票一张，向本院申请公示催告。本院决定受理，依照《中华人民共和国民事诉讼法》第二百一十九条规定，现予公告。自公告之日起六十日内，利害关系人应向本院申报权利。届时如果无人申报权利，本院将依法作出判决，宣告上述票据无效。在公示催告期间，转让该票据的行为无效。
四川省宜宾市中级人民法院
本院受理申请人与被申请人申请执行一案，因你下落不明，现依法向你公告送达执行通知书、报告财产令、执行裁定书。自公告之日起经过六十日即视为送达。责令你在公告期满后三日内履行生效法律文书确定的义务，逾期不履行，本院将依法强制执行。
江苏省苏州市中级人民法院
本院受理原告诉被告买卖合同纠纷一案，现依法向你公告送达起诉状副本、应诉通知书、举证通知书、合议庭组成人员通知书及开庭传票。自公告之日起经过六十日即视为送达。提出答辩状的期限和举证期限为公告送达期满后的十五日内。本案定于举证期满后的第三日上午九时在本院审判庭公开开庭审理，逾期将依法缺席裁判。
江苏省南京市中级人民法院
本院受理原告中国华融资产管理股份有限公司四川省分公司诉被告借款合同纠纷一案，现依法向你公告送达起诉状副本、应诉通知书、举证通知书、开庭传票及证据材料。自公告之日起经过三十日即视为送达。提出答辩状和举证的期限分别为公告期满后十五日和三十日内。并定于举证期满后第三日上午九时（遇法定节假日顺延）在本院第三法庭公开开庭审理，逾期将依法缺席判决。
江苏省无锡市中级人民法院
本院受理原告与被告民间借贷纠纷一案，因你下落不明，依照《中华人民共和国民事诉讼法》第九十二条之规定，向你公告送达民事判决书。自本公告发出之日起经过三十日即视为送达。如不服本判决，可在公告期满后十五日内向本院递交上诉状，并按对方当事人的人数提出副本，上诉于上一级人民法院。逾期本判决即发生法律效力。
辽宁省鞍山市立山区人民法院
本院受理申请人申请公示催告一案，申请人因遗失银行承兑汇票一张，向本院申请公示催告。本院决定受理，依照《中华人民共和国民事诉讼法》第二百一十九条规定，现予公告。自公告之日起六十日内，利害关系人应向本院申报权利。届时如果无人申报权利，本院将依法作出判决，宣告上述票据无效。在公示催告期间，转让该票据的行为无效。
辽宁省大连市中级人民法院
5/8 中缝
公告专栏
本院受理原告与被告民间借贷纠纷一案，因你下落不明，依照《中华人民共和国民事诉讼法》第九十二条之规定，向你公告送达民事判决书。自本公告发出之日起经过三十日即视为送达。如不服本判决，可在公告期满后十五日内向本院递交上诉状，并按对方当事人的人数提出副本，上诉于上一级人民法院。逾期本判决即发生法律效力。
江苏省无锡市中级人民法院
本院受理申请人申请公示催告一案，申请人因遗失银行承兑汇票一张，向本院申请公示催告。本院决定受理，依照《中华人民共和国民事诉讼法》第二百一十九条规定，现予公告。自公告之日起六十日内，利害关系人应向本院申报权利。届时如果无人申报权利，本院将依法作出判决，宣告上述票据无效。在公示催告期间，转让该票据的行为无效。
辽宁省鞍山市立山区人民法院
本院受理申请人与被申请人申请执行一案，因你下落不明，现依法向你公告送达执行通知书、报告财产令、执行裁定书。自公告之日起经过六十日即视为送达。责令你在公告期满后三日内履行生效法律文书确定的义务，逾期不履行，本院将依法强制执行。
辽宁省大连市中级人民法院
本院受理原告诉被告买卖合同纠纷一案，现依法向你公告送达起诉状副本、应诉通知书、举证通知书、合议庭组成人员通知书及开庭传票。自公告之日起经过六十日即视为送达。提出答辩状的期限和举证期限为公告送达期满后的十五日内。本案定于举证期满后的第三日上午九时在本院审判庭公开开庭审理，逾期将依法缺席裁判。
安徽省宣城市人民法院
本院受理原告中国华融资产管理股份有限公司四川省分公司诉被告借款合同纠纷一案，现依法向你公告送达起诉状副本、应诉通知书、举证通知书、开庭传票及证据材料。自公告之日起经过三十日即视为送达。提出答辩状和举证的期限分别为公告期满后十五日和三十日内。并定于举证期满后第三日上午九时（遇法定节假日顺延）在本院第三法庭公开开庭审理，逾期将依法缺席判决。
河北省邢台市中级人民法院
本院受理原告与被告民间借贷纠纷一案，因你下落不明，依照《中华人民共和国民事诉讼法》第九十二条之规定，向你公告送达民事判决书。自本公告发出之日起经过三十日即视为送达。如不服本判决，可在公告期满后十五日内向本院递交上诉状，并按对方当事人的人数提出副本，上诉于上一级人民法院。逾期本判决即发生法律效力。
贵州省遵义市中级人民法院
本院受理申请人申请公示催告一案，申请人因遗失银行承兑汇票一张，向本院申请公示催告。本院决定受理，依照《中华人民共和国民事诉讼法》第二百一十九条规定，现予公告。自公告之日起六十日内，利害关系人应向本院申报权利。届时如果无人申报权利，本院将依法作出判决，宣告上述票据无效。在公示催告期间，转让该票据的行为无效。
广东省深圳市中级人民法院
本院受理申请人与被申请人申请执行一案，因你下落不明，现依法向你公告送达执行通知书、报告财产令、执行裁定书。自公告之日起经过六十日即视为送达。责令你在公告期满后三日内履行生效法律文书确定的义务，逾期不履行，本院将依法强制执行。
浙江省杭州市中级人民法院
本院受理原告诉被告买卖合同纠纷一案，现依法向你公告送达起诉状副本、应诉通知书、举证通知书、合议庭组成人员通知书及开庭传票。自公告之日起经过六十日即视为送达。提出答辩状的期限和举证期限为公告送达期满后的十五日内。本案定于举证期满后的第三日上午九时在本院审判庭公开开庭审理，逾期将依法缺席裁判。
山东省济南市中级人民法院
本院受理原告中国华融资产管理股份有限公司四川省分公司诉被告借款合同纠纷一案，现依法向你公告送达起诉状副本、应诉通知书、举证通知书、开庭传票及证据材料。自公告之日起经过三十日即视为送达。提出答辩状和举证的期限分别为公告期满后十五日和三十日内。并定于举证期满后第三日上午九时（遇法定节假日顺延）在本院第三法庭公开开庭审理，逾期将依法缺席判决。
河南省郑州市中级人民法院
本院受理原告与被告民间借贷纠纷一案，因你下落不明，依照《中华人民共和国民事诉讼法》第九十二条之规定，向你公告送达民事判决书。自本公告发出之日起经过三十日即视为送达。如不服本判决，可在公告期满后十五日内向本院递交上诉状，并按对方当事人的人数提出副本，上诉于上一级人民法院。逾期本判决即发生法律效力。
昆山市中级人民法院
本院受理申请人申请公示催告一案，申请人因遗失银行承兑汇票一张，向本院申请公示催告。本院决定受理，依照《中华人民共和国民事诉讼法》第二百一十九条规定，现予公告。自公告之日起六十日内，利害关系人应向本院申报权利。届时如果无人申报权利，本院将依法作出判决，宣告上述票据无效。在公示催告期间，转让该票据的行为无效。
重庆市第一中级人民法院
本院受理申请人与被申请人申请执行一案，因你下落不明，现依法向你公告送达执行通知书、报告财产令、执行裁定书。自公告之日起经过六十日即视为送达。责令你在公告期满后三日内履行生效法律文书确定的义务，逾期不履行，本院将依法强制执行。
四川省遂宁市中级人民法院
本院受理原告诉被告买卖合同纠纷一案，现依法向你公告送达起诉状副本、应诉通知书、举证通知书、合议庭组成人员通知书及开庭传票。自公告之日起经过六十日即视为送达。提出答辩状的期限和举证期限为公告送达期满后的十五日内。本案定于举证期满后的第三日上午九时在本院审判庭公开开庭审理，逾期将依法缺席裁判。
四川省成都市中级人民法院
本院受理原告中国华融资产管理股份有限公司四川省分公司诉被告借款合同纠纷一案，现依法向你公告送达起诉状副本、应诉通知书、举证通知书、开庭传票及证据材料。自公告之日起经过三十日即视为送达。提出答辩状和举证的期限分别为公告期满后十五日和三十日内。并定于举证期满后第三日上午九时（遇法定节假日顺延）在本院第三法庭公开开庭审理，逾期将依法缺席判决。
四川省雅安市中级人民法院
本院受理原告与被告民间借贷纠纷一案，因你下落不明，依照《中华人民共和国民事诉讼法》第九十二条之规定，向你公告送达民事判决书。自本公告发出之日起经过三十日即视为送达。如不服本判决，可在公告期满后十五日内向本院递交上诉状，并按对方当事人的人数提出副本，上诉于上一级人民法院。逾期本判决即发生法律效力。
四川省宜宾市中级人民法院
本院受理申请人申请公示催告一案，申请人因遗失银行承兑汇票一张，向本院申请公示催告。本院决定受理，依照《中华人民共和国民事诉讼法》第二百一十九条规定，现予公告。自公告之日起六十日内，利害关系人应向本院申报权利。届时如果无人申报权利，本院将依法作出判决，宣告上述票据无效。在公示催告期间，转让该票据的行为无效。
江苏省苏州市中级人民法院
本院受理申请人与被申请人申请执行一案，因你下落不明，现依法向你公告送达执行通知书、报告财产令、执行裁定书。自公告之日起经过六十日即视为送达。责令你在公告期满后三日内履行生效法律文书确定的义务，逾期不履行，本院将依法强制执行。
江苏省南京市中级人民法院
本院受理原告诉被告买卖合同纠纷一案，现依法向你公告送达起诉状副本、应诉通知书、举证通知书、合议庭组成人员通知书及开庭传票。自公告之日起经过六十日即视为送达。提出答辩状的期限和举证期限为公告送达期满后的十五日内。本案定于举证期满后的第三日上午九时在本院审判庭公开开庭审理，逾期将依法缺席裁判。
江苏省无锡市中级人民法院
本院受理原告中国华融资产管理股份有限公司四川省分公司诉被告借款合同纠纷一案，现依法向你公告送达起诉状副本、应诉通知书、举证通知书、开庭传票及证据材料。自公告之日起经过三十日即视为送达。提出答辩状和举证的期限分别为公告期满后十五日和三十日内。并定于举证期满后第三日上午九时（遇法定节假日顺延）在本院第三法庭公开开庭审理，逾期将依法缺席判决。
辽宁省鞍山市立山区人民法院
本院受理原告与被告民间借贷纠纷一案，因你下落不明，依照《中华人民共和国民事诉讼法》第九十二条之规定，向你公告送达民事判决书。自本公告发出之日起经过三十日即视为送达。如不服本判决，可在公告期满后十五日内向本院递交上诉状，并按对方当事人的人数提出副本，上诉于上一级人民法院。逾期本判决即发生法律效力。
辽宁省大连市中级人民法院
本院受理申请人申请公示催告一案，申请人因遗失银行承兑汇票一张，向本院申请公示催告。本院决定受理，依照《中华人民共和国民事诉讼法》第二百一十九条规定，现予公告。自公告之日起六十日内，利害关系人应向本院申报权利。届时如果无人申报权利，本院将依法作出判决，宣告上述票据无效。在公示催告期间，转让该票据的行为无效。
安徽省宣城市人民法院
本院受理申请人与被申请人申请执行一案，因你下落不明，现依法向你公告送达执行通知书、报告财产令、执行裁定书。自公告之日起经过六十日即视为送达。责令你在公告期满后三日内履行生效法律文书确定的义务，逾期不履行，本院将依法强制执行。
河北省邢台市中级人民法院
本院受理原告诉被告买卖合同纠纷一案，现依法向你公告送达起诉状副本、应诉通知书、举证通知书、合议庭组成人员通知书及开庭传票。自公告之日起经过六十日即视为送达。提出答辩状的期限和举证期限为公告送达期满后的十五日内。本案定于举证期满后的第三日上午九时在本院审判庭公开开庭审理，逾期将依法缺席裁判。
贵州省遵义市中级人民法院
本院受理原告中国华融资产管理股份有限公司四川省分公司诉被告借款合同纠纷一案，现依法向你公告送达起诉状副本、应诉通知书、举证通知书、开庭传票及证据材料。自公告之日起经过三十日即视为送达。提出答辩状和举证的期限分别为公告期满后十五日和三十日内。并定于举证期满后第三日上午九时（遇法定节假日顺延）在本院第三法庭公开开庭审理，逾期将依法缺席判决。
广东省深圳市中级人民法院
本院受理原告与被告民间借贷纠纷一案，因你下落不明，依照《中华人民共和国民事诉讼法》第九十二条之规定，向你公告送达民事判决书。自本公告发出之日起经过三十日即视为送达。如不服本判决，可在公告期满后十五日内向本院递交上诉状，并按对方当事人的人数提出副本，上诉于上一级人民法院。逾期本判决即发生法律效力。
浙江省杭州市中级人民法院
本院受理申请人申请公示催告一案，申请人因遗失银行承兑汇票一张，向本院申请公示催告。本院决定受理，依照《中华人民共和国民事诉讼法》第二百一十九条规定，现予公告。自公告之日起六十日内，利害关系人应向本院申报权利。届时如果无人申报权利，本院将依法作出判决，宣告上述票据无效。在公示催告期间，转让该票据的行为无效。
山东省济南市中级人民法院
本院受理申请人与被申请人申请执行一案，因你下落不明，现依法向你公告送达执行通知书、报告财产令、执行裁定书。自公告之日起经过六十日即视为送达。责令你在公告期满后三日内履行生效法律文书确定的义务，逾期不履行，本院将依法强制执行。
河南省郑州市中级人民法院
本院受理原告诉被告买卖合同纠纷一案，现依法向你公告送达起诉状副本、应诉通知书、举证通知书、合议庭组成人员通知书及开庭传票。自公告之日起经过六十日即视为送达。提出答辩状的期限和举证期限为公告送达期满后的十五日内。本案定于举证期满后的第三日上午九时在本院审判庭公开开庭审理，逾期将依法缺席裁判。
昆山市中级人民法院
本院受理原告中国华融资产管理股份有限公司四川省分公司诉被告借款合同纠纷一案，现依法向你公告送达起诉状副本、应诉通知书、举证通知书、开庭传票及证据材料。自公告之日起经过三十日即视为送达。提出答辩状和举证的期限分别为公告期满后十五日和三十日内。并定于举证期满后第三日上午九时（遇法定节假日顺延）在本院第三法庭公开开庭审理，逾期将依法缺席判决。
重庆市第一中级人民法院
本院受理原告与被告民间借贷纠纷一案，因你下落不明，依照《中华人民共和国民事诉讼法》第九十二条之规定，向你公告送达民事判决书。自本公告发出之日起经过三十日即视为送达。如不服本判决，可在公告期满后十五日内向本院递交上诉状，并按对方当事人的人数提出副本，上诉于上一级人民法院。逾期本判决即发生法律效力。
四川省遂宁市中级人民法院
本院受理申请人申请公示催告一案，申请人因遗失银行承兑汇票一张，向本院申请公示催告。本院决定受理，依照《中华人民共和国民事诉讼法》第二百一十九条规定，现予公告。自公告之日起六十日内，利害关系人应向本院申报权利。届时如果无人申报权利，本院将依法作出判决，宣告上述票据无效。在公示催告期间，转让该票据的行为无效。
四川省成都市中级人民法院
本院受理申请人与被申请人申请执行一案，因你下落不明，现依法向你公告送达执行通知书、报告财产令、执行裁定书。自公告之日起经过六十日即视为送达。责令你在公告期满后三日内履行生效法律文书确定的义务，逾期不履行，本院将依法强制执行。
四川省雅安市中级人民法院
本院受理原告诉被告买卖合同纠纷一案，现依法向你公告送达起诉状副本、应诉通知书、举证通知书、合议庭组成人员通知书及开庭传票。自公告之日起经过六十日即视为送达。提出答辩状的期限和举证期限为公告送达期满后的十五日内。本案定于举证期满后的第三日上午九时在本院审判庭公开开庭审理，逾期将依法缺席裁判。
四川省宜宾市中级人民法院
本院受理原告中国华融资产管理股份有限公司四川省分公司诉被告借款合同纠纷一案，现依法向你公告送达起诉状副本、应诉通知书、举证通知书、开庭传票及证据材料。自公告之日起经过三十日即视为送达。提出答辩状和举证的期限分别为公告期满后十五日和三十日内。并定于举证期满后第三日上午九时（遇法定节假日顺延）在本院第三法庭公开开庭审理，逾期将依法缺席判决。
江苏省苏州市中级人民法院
本院受理原告与被告民间借贷纠纷一案，因你下落不明，依照《中华人民共和国民事诉讼法》第九十二条之规定，向你公告送达民事判决书。自本公告发出之日起经过三十日即视为送达。如不服本判决，可在公告期满后十五日内向本院递交上诉状，并按对方当事人的人数提出副本，上诉于上一级人民法院。逾期本判决即发生法律效力。
江苏省南京市中级人民法院
本院受理申请人申请公示催告一案，申请人因遗失银行承兑汇票一张，向本院申请公示催告。本院决定受理，依照《中华人民共和国民事诉讼法》第二百一十九条规定，现予公告。自公告之日起六十日内，利害关系人应向本院申报权利。届时如果无人申报权利，本院将依法作出判决，宣告上述票据无效。在公示催告期间，转让该票据的行为无效。
江苏省无锡市中级人民法院
本院受理申请人与被申请人申请执行一案，因你下落不明，现依法向你公告送达执行通知书、报告财产令、执行裁定书。自公告之日起经过六十日即视为送达。责令你在公告期满后三日内履行生效法律文书确定的义务，逾期不履行，本院将依法强制执行。
辽宁省鞍山市立山区人民法院
本院受理原告诉被告买卖合同纠纷一案，现依法向你公告送达起诉状副本、应诉通知书、举证通知书、合议庭组成人员通知书及开庭传票。自公告之日起经过六十日即视为送达。提出答辩状的期限和举证期限为公告送达期满后的十五日内。本案定于举证期满后的第三日上午九时在本院审判庭公开开庭审理，逾期将依法缺席裁判。
辽宁省大连市中级人民法院
本院受理原告中国华融资产管理股份有限公司四川省分公司诉被告借款合同纠纷一案，现依法向你公告送达起诉状副本、应诉通知书、举证通知书、开庭传票及证据材料。自公告之日起经过三十日即视为送达。提出答辩状和举证的期限分别为公告期满后十五日和三十日内。并定于举证期满后第三日上午九时（遇法定节假日顺延）在本院第三法庭公开开庭审理，逾期将依法缺席判决。
安徽省宣城市人民法院
本院受理原告与被告民间借贷纠纷一案，因你下落不明，依照《中华人民共和国民事诉讼法》第九十二条之规定，向你公告送达民事判决书。自本公告发出之日起经过三十日即视为送达。如不服本判决，可在公告期满后十五日内向本院递交上诉状，并按对方当事人的人数提出副本，上诉于上一级人民法院。逾期本判决即发生法律效力。
河北省邢台市中级人民法院
本院受理申请人申请公示催告一案，申请人因遗失银行承兑汇票一张，向本院申请公示催告。本院决定受理，依照《中华人民共和国民事诉讼法》第二百一十九条规定，现予公告。自公告之日起六十日内，利害关系人应向本院申报权利。届时如果无人申报权利，本院将依法作出判决，宣告上述票据无效。在公示催告期间，转让该票据的行为无效。
贵州省遵义市中级人民法院
本院受理申请人与被申请人申请执行一案，因你下落不明，现依法向你公告送达执行通知书、报告财产令、执行裁定书。自公告之日起经过六十日即视为送达。责令你在公告期满后三日内履行生效法律文书确定的义务，逾期不履行，本院将依法强制执行。
广东省深圳市中级人民法院
本院受理原告诉被告买卖合同纠纷一案，现依法向你公告送达起诉状副本、应诉通知书、举证通知书、合议庭组成人员通知书及开庭传票。自公告之日起经过六十日即视为送达。提出答辩状的期限和举证期限为公告送达期满后的十五日内。本案定于举证期满后的第三日上午九时在本院审判庭公开开庭审理，逾期将依法缺席裁判。
浙江省杭州市中级人民法院
本院受理原告中国华融资产管理股份有限公司四川省分公司诉被告借款合同纠纷一案，现依法向你公告送达起诉状副本、应诉通知书、举证通知书、开庭传票及证据材料。自公告之日起经过三十日即视为送达。提出答辩状和举证的期限分别为公告期满后十五日和三十日内。并定于举证期满后第三日上午九时（遇法定节假日顺延）在本院第三法庭公开开庭审理，逾期将依法缺席判决。
山东省济南市中级人民法院
本院受理原告与被告民间借贷纠纷一案，因你下落不明，依照《中华人民共和国民事诉讼法》第九十二条之规定，向你公告送达民事判决书。自本公告发出之日起经过三十日即视为送达。如不服本判决，可在公告期满后十五日内向本院递交上诉状，并按对方当事人的人数提出副本，上诉于上一级人民法院。逾期本判决即发生法律效力。
河南省郑州市中级人民法院
本院受理申请人申请公示催告一案，申请人因遗失银行承兑汇票一张，向本院申请公示催告。本院决定受理，依照《中华人民共和国民事诉讼法》第二百一十九条规定，现予公告。自公告之日起六十日内，利害关系人应向本院申报权利。届时如果无人申报权利，本院将依法作出判决，宣告上述票据无效。在公示催告期间，转让该票据的行为无效。
昆山市中级人民法院
本院受理申请人与被申请人申请执行一案，因你下落不明，现依法向你公告送达执行通知书、报告财产令、执行裁定书。自公告之日起经过六十日即视为送达。责令你在公告期满后三日内履行生效法律文书确定的义务，逾期不履行，本院将依法强制执行。
重庆市第一中级人民法院
本院受理原告诉被告买卖合同纠纷一案，现依法向你公告送达起诉状副本、应诉通知书、举证通知书、合议庭组成人员通知书及开庭传票。自公告之日起经过六十日即视为送达。提出答辩状的期限和举证期限为公告送达期满后的十五日内。本案定于举证期满后的第三日上午九时在本院审判庭公开开庭审理，逾期将依法缺席裁判。
四川省遂宁市中级人民法院
本院受理原告中国华融资产管理股份有限公司四川省分公司诉被告借款合同纠纷一案，现依法向你公告送达起诉状副本、应诉通知书、举证通知书、开庭传票及证据材料。自公告之日起经过三十日即视为送达。提出答辩状和举证的期限分别为公告期满后十五日和三十日内。并定于举证期满后第三日上午九时（遇法定节假日顺延）在本院第三法庭公开开庭审理，逾期将依法缺席判决。
四川省成都市中级人民法院
本院受理原告与被告民间借贷纠纷一案，因你下落不明，依照《中华人民共和国民事诉讼法》第九十二条之规定，向你公告送达民事判决书。自本公告发出之日起经过三十日即视为送达。如不服本判决，可在公告期满后十五日内向本院递交上诉状，并按对方当事人的人数提出副本，上诉于上一级人民法院。逾期本判决即发生法律效力。
四川省雅安市中级人民法院
本院受理申请人申请公示催告一案，申请人因遗失银行承兑汇票一张，向本院申请公示催告。本院决定受理，依照《中华人民共和国民事诉讼法》第二百一十九条规定，现予公告。自公告之日起六十日内，利害关系人应向本院申报权利。届时如果无人申报权利，本院将依法作出判决，宣告上述票据无效。在公示催告期间，转让该票据的行为无效。
四川省宜宾市中级人民法院
本院受理申请人与被申请人申请执行一案，因你下落不明，现依法向你公告送达执行通知书、报告财产令、执行裁定书。自公告之日起经过六十日即视为送达。责令你在公告期满后三日内履行生效法律文书确定的义务，逾期不履行，本院将依法强制执行。
江苏省苏州市中级人民法院
本院受理原告诉被告买卖合同纠纷一案，现依法向你公告送达起诉状副本、应诉通知书、举证通知书、合议庭组成人员通知书及开庭传票。自公告之日起经过六十日即视为送达。提出答辩状的期限和举证期限为公告送达期满后的十五日内。本案定于举证期满后的第三日上午九时在本院审判庭公开开庭审理，逾期将依法缺席裁判。
江苏省南京市中级人民法院
本院受理原告中国华融资产管理股份有限公司四川省分公司诉被告借款合同纠纷一案，现依法向你公告送达起诉状副本、应诉通知书、举证通知书、开庭传票及证据材料。自公告之日起经过三十日即视为送达。提出答辩状和举证的期限分别为公告期满后十五日和三十日内。并定于举证期满后第三日上午九时（遇法定节假日顺延）在本院第三法庭公开开庭审理，逾期将依法缺席判决。
江苏省无锡市中级人民法院
本院受理原告与被告民间借贷纠纷一案，因你下落不明，依照《中华人民共和国民事诉讼法》第九十二条之规定，向你公告送达民事判决书。自本公告发出之日起经过三十日即视为送达。如不服本判决，可在公告期满后十五日内向本院递交上诉状，并按对方当事人的人数提出副本，上诉于上一级人民法院。逾期本判决即发生法律效力。
辽宁省鞍山市立山区人民法院
本院受理申请人申请公示催告一案，申请人因遗失银行承兑汇票一张，向本院申请公示催告。本院决定受理，依照《中华人民共和国民事诉讼法》第二百一十九条规定，现予公告。自公告之日起六十日内，利害关系人应向本院申报权利。届时如果无人申报权利，本院将依法作出判决，宣告上述票据无效。在公示催告期间，转让该票据的行为无效。
辽宁省大连市中级人民法院
本院受理申请人与被申请人申请执行一案，因你下落不明，现依法向你公告送达执行通知书、报告财产令、执行裁定书。自公告之日起经过六十日即视为送达。责令你在公告期满后三日内履行生效法律文书确定的义务，逾期不履行，本院将依法强制执行。
安徽省宣城市人民法院
本院受理原告诉被告买卖合同纠纷一案，现依法向你公告送达起诉状副本、应诉通知书、举证通知书、合议庭组成人员通知书及开庭传票。自公告之日起经过六十日即视为送达。提出答辩状的期限和举证期限为公告送达期满后的十五日内。本案定于举证期满后的第三日上午九时在本院审判庭公开开庭审理，逾期将依法缺席裁判。
河北省邢台市中级人民法院
本院受理原告中国华融资产管理股份有限公司四川省分公司诉被告借款合同纠纷一案，现依法向你公告送达起诉状副本、应诉通知书、举证通知书、开庭传票及证据材料。自公告之日起经过三十日即视为送达。提出答辩状和举证的期限分别为公告期满后十五日和三十日内。并定于举证期满后第三日上午九时（遇法定节假日顺延）在本院第三法庭公开开庭审理，逾期将依法缺席判决。
贵州省遵义市中级人民法院
6/7 中缝
公告专栏
本院受理原告诉被告买卖合同纠纷一案，现依法向你公告送达起诉状副本、应诉通知书、举证通知书、合议庭组成人员通知书及开庭传票。自公告之日起经过六十日即视为送达。提出答辩状的期限和举证期限为公告送达期满后的十五日内。本案定于举证期满后的第三日上午九时在本院审判庭公开开庭审理，逾期将依法缺席裁判。
安徽省宣城市人民法院
本院受理原告中国华融资产管理股份有限公司四川省分公司诉被告借款合同纠纷一案，现依法向你公告送达起诉状副本、应诉通知书、举证通知书、开庭传票及证据材料。自公告之日起经过三十日即视为送达。提出答辩状和举证的期限分别为公告期满后十五日和三十日内。并定于举证期满后第三日上午九时（遇法定节假日顺延）在本院第三法庭公开开庭审理，逾期将依法缺席判决。
河北省邢台市中级人民法院
本院受理原告与被告民间借贷纠纷一案，因你下落不明，依照《中华人民共和国民事诉讼法》第九十二条之规定，向你公告送达民事判决书。自本公告发出之日起经过三十日即视为送达。如不服本判决，可在公告期满后十五日内向本院递交上诉状，并按对方当事人的人数提出副本，上诉于上一级人民法院。逾期本判决即发生法律效力。
贵州省遵义市中级人民法院
本院受理申请人申请公示催告一案，申请人因遗失银行承兑汇票一张，向本院申请公示催告。本院决定受理，依照《中华人民共和国民事诉讼法》第二百一十九条规定，现予公告。自公告之日起六十日内，利害关系人应向本院申报权利。届时如果无人申报权利，本院将依法作出判决，宣告上述票据无效。在公示催告期间，转让该票据的行为无效。
广东省深圳市中级人民法院
本院受理申请人与被申请人申请执行一案，因你下落不明，现依法向你公告送达执行通知书、报告财产令、执行裁定书。自公告之日起经过六十日即视为送达。责令你在公告期满后三日内履行生效法律文书确定的义务，逾期不履行，本院将依法强制执行。
浙江省杭州市中级人民法院
本院受理原告诉被告买卖合同纠纷一案，现依法向你公告送达起诉状副本、应诉通知书、举证通知书、合议庭组成人员通知书及开庭传票。自公告之日起经过六十日即视为送达。提出答辩状的期限和举证期限为公告送达期满后的十五日内。本案定于举证期满后的第三日上午九时在本院审判庭公开开庭审理，逾期将依法缺席裁判。
山东省济南市中级人民法院
本院受理原告中国华融资产管理股份有限公司四川省分公司诉被告借款合同纠纷一案，现依法向你公告送达起诉状副本、应诉通知书、举证通知书、开庭传票及证据材料。自公告之日起经过三十日即视为送达。提出答辩状和举证的期限分别为公告期满后十五日和三十日内。并定于举证期满后第三日上午九时（遇法定节假日顺延）在本院第三法庭公开开庭审理，逾期将依法缺席判决。
河南省郑州市中级人民法院
本院受理原告与被告民间借贷纠纷一案，因你下落不明，依照《中华人民共和国民事诉讼法》第九十二条之规定，向你公告送达民事判决书。自本公告发出之日起经过三十日即视为送达。如不服本判决，可在公告期满后十五日内向本院递交上诉状，并按对方当事人的人数提出副本，上诉于上一级人民法院。逾期本判决即发生法律效力。
昆山市中级人民法院
本院受理申请人申请公示催告一案，申请人因遗失银行承兑汇票一张，向本院申请公示催告。本院决定受理，依照《中华人民共和国民事诉讼法》第二百一十九条规定，现予公告。自公告之日起六十日内，利害关系人应向本院申报权利。届时如果无人申报权利，本院将依法作出判决，宣告上述票据无效。在公示催告期间，转让该票据的行为无效。
重庆市第一中级人民法院
本院受理申请人与被申请人申请执行一案，因你下落不明，现依法向你公告送达执行通知书、报告财产令、执行裁定书。自公告之日起经过六十日即视为送达。责令你在公告期满后三日内履行生效法律文书确定的义务，逾期不履行，本院将依法强制执行。
四川省遂宁市中级人民法院
本院受理原告诉被告买卖合同纠纷一案，现依法向你公告送达起诉状副本、应诉通知书、举证通知书、合议庭组成人员通知书及开庭传票。自公告之日起经过六十日即视为送达。提出答辩状的期限和举证期限为公告送达期满后的十五日内。本案定于举证期满后的第三日上午九时在本院审判庭公开开庭审理，逾期将依法缺席裁判。
四川省成都市中级人民法院
本院受理原告中国华融资产管理股份有限公司四川省分公司诉被告借款合同纠纷一案，现依法向你公告送达起诉状副本、应诉通知书、举证通知书、开庭传票及证据材料。自公告之日起经过三十日即视为送达。提出答辩状和举证的期限分别为公告期满后十五日和三十日内。并定于举证期满后第三日上午九时（遇法定节假日顺延）在本院第三法庭公开开庭审理，逾期将依法缺席判决。
四川省雅安市中级人民法院
本院受理原告与被告民间借贷纠纷一案，因你下落不明，依照《中华人民共和国民事诉讼法》第九十二条之规定，向你公告送达民事判决书。自本公告发出之日起经过三十日即视为送达。如不服本判决，可在公告期满后十五日内向本院递交上诉状，并按对方当事人的人数提出副本，上诉于上一级人民法院。逾期本判决即发生法律效力。
四川省宜宾市中级人民法院
本院受理申请人申请公示催告一案，申请人因遗失银行承兑汇票一张，向本院申请公示催告。本院决定受理，依照《中华人民共和国民事诉讼法》第二百一十九条规定，现予公告。自公告之日起六十日内，利害关系人应向本院申报权利。届时如果无人申报权利，本院将依法作出判决，宣告上述票据无效。在公示催告期间，转让该票据的行为无效。
江苏省苏州市中级人民法院
本院受理申请人与被申请人申请执行一案，因你下落不明，现依法向你公告送达执行通知书、报告财产令、执行裁定书。自公告之日起经过六十日即视为送达。责令你在公告期满后三日内履行生效法律文书确定的义务，逾期不履行，本院将依法强制执行。
江苏省南京市中级人民法院
本院受理原告诉被告买卖合同纠纷一案，现依法向你公告送达起诉状副本、应诉通知书、举证通知书、合议庭组成人员通知书及开庭传票。自公告之日起经过六十日即视为送达。提出答辩状的期限和举证期限为公告送达期满后的十五日内。本案定于举证期满后的第三日上午九时在本院审判庭公开开庭审理，逾期将依法缺席裁判。
江苏省无锡市中级人民法院
本院受理原告中国华融资产管理股份有限公司四川省分公司诉被告借款合同纠纷一案，现依法向你公告送达起诉状副本、应诉通知书、举证通知书、开庭传票及证据材料。自公告之日起经过三十日即视为送达。提出答辩状和举证的期限分别为公告期满后十五日和三十日内。并定于举证期满后第三日上午九时（遇法定节假日顺延）在本院第三法庭公开开庭审理，逾期将依法缺席判决。
辽宁省鞍山市立山区人民法院
本院受理原告与被告民间借贷纠纷一案，因你下落不明，依照《中华人民共和国民事诉讼法》第九十二条之规定，向你公告送达民事判决书。自本公告发出之日起经过三十日即视为送达。如不服本判决，可在公告期满后十五日内向本院递交上诉状，并按对方当事人的人数提出副本，上诉于上一级人民法院。逾期本判决即发生法律效力。
辽宁省大连市中级人民法院
本院受理申请人申请公示催告一案，申请人因遗失银行承兑汇票一张，向本院申请公示催告。本院决定受理，依照《中华人民共和国民事诉讼法》第二百一十九条规定，现予公告。自公告之日起六十日内，利害关系人应向本院申报权利。届时如果无人申报权利，本院将依法作出判决，宣告上述票据无效。在公示催告期间，转让该票据的行为无效。
安徽省宣城市人民法院
本院受理申请人与被申请人申请执行一案，因你下落不明，现依法向你公告送达执行通知书、报告财产令、执行裁定书。自公告之日起经过六十日即视为送达。责令你在公告期满后三日内履行生效法律文书确定的义务，逾期不履行，本院将依法强制执行。
河北省邢台市中级人民法院
本院受理原告诉被告买卖合同纠纷一案，现依法向你公告送达起诉状副本、应诉通知书、举证通知书、合议庭组成人员通知书及开庭传票。自公告之日起经过六十日即视为送达。提出答辩状的期限和举证期限为公告送达期满后的十五日内。本案定于举证期满后的第三日上午九时在本院审判庭公开开庭审理，逾期将依法缺席裁判。
贵州省遵义市中级人民法院
本院受理原告中国华融资产管理股份有限公司四川省分公司诉被告借款合同纠纷一案，现依法向你公告送达起诉状副本、应诉通知书、举证通知书、开庭传票及证据材料。自公告之日起经过三十日即视为送达。提出答辩状和举证的期限分别为公告期满后十五日和三十日内。并定于举证期满后第三日上午九时（遇法定节假日顺延）在本院第三法庭公开开庭审理，逾期将依法缺席判决。
广东省深圳市中级人民法院
本院受理原告与被告民间借贷纠纷一案，因你下落不明，依照《中华人民共和国民事诉讼法》第九十二条之规定，向你公告送达民事判决书。自本公告发出之日起经过三十日即视为送达。如不服本判决，可在公告期满后十五日内向本院递交上诉状，并按对方当事人的人数提出副本，上诉于上一级人民法院。逾期本判决即发生法律效力。
浙江省杭州市中级人民法院
本院受理申请人申请公示催告一案，申请人因遗失银行承兑汇票一张，向本院申请公示催告。本院决定受理，依照《中华人民共和国民事诉讼法》第二百一十九条规定，现予公告。自公告之日起六十日内，利害关系人应向本院申报权利。届时如果无人申报权利，本院将依法作出判决，宣告上述票据无效。在公示催告期间，转让该票据的行为无效。
山东省济南市中级人民法院
本院受理申请人与被申请人申请执行一案，因你下落不明，现依法向你公告送达执行通知书、报告财产令、执行裁定书。自公告之日起经过六十日即视为送达。责令你在公告期满后三日内履行生效法律文书确定的义务，逾期不履行，本院将依法强制执行。
河南省郑州市中级人民法院
本院受理原告诉被告买卖合同纠纷一案，现依法向你公告送达起诉状副本、应诉通知书、举证通知书、合议庭组成人员通知书及开庭传票。自公告之日起经过六十日即视为送达。提出答辩状的期限和举证期限为公告送达期满后的十五日内。本案定于举证期满后的第三日上午九时在本院审判庭公开开庭审理，逾期将依法缺席裁判。
昆山市中级人民法院
本院受理原告中国华融资产管理股份有限公司四川省分公司诉被告借款合同纠纷一案，现依法向你公告送达起诉状副本、应诉通知书、举证通知书、开庭传票及证据材料。自公告之日起经过三十日即视为送达。提出答辩状和举证的期限分别为公告期满后十五日和三十日内。并定于举证期满后第三日上午九时（遇法定节假日顺延）在本院第三法庭公开开庭审理，逾期将依法缺席判决。
重庆市第一中级人民法院
本院受理原告与被告民间借贷纠纷一案，因你下落不明，依照《中华人民共和国民事诉讼法》第九十二条之规定，向你公告送达民事判决书。自本公告发出之日起经过三十日即视为送达。如不服本判决，可在公告期满后十五日内向本院递交上诉状，并按对方当事人的人数提出副本，上诉于上一级人民法院。逾期本判决即发生法律效力。
四川省遂宁市中级人民法院
本院受理申请人申请公示催告一案，申请人因遗失银行承兑汇票一张，向本院申请公示催告。本院决定受理，依照《中华人民共和国民事诉讼法》第二百一十九条规定，现予公告。自公告之日起六十日内，利害关系人应向本院申报权利。届时如果无人申报权利，本院将依法作出判决，宣告上述票据无效。在公示催告期间，转让该票据的行为无效。
四川省成都市中级人民法院
本院受理申请人与被申请人申请执行一案，因你下落不明，现依法向你公告送达执行通知书、报告财产令、执行裁定书。自公告之日起经过六十日即视为送达。责令你在公告期满后三日内履行生效法律文书确定的义务，逾期不履行，本院将依法强制执行。
四川省雅安市中级人民法院
本院受理原告诉被告买卖合同纠纷一案，现依法向你公告送达起诉状副本、应诉通知书、举证通知书、合议庭组成人员通知书及开庭传票。自公告之日起经过六十日即视为送达。提出答辩状的期限和举证期限为公告送达期满后的十五日内。本案定于举证期满后的第三日上午九时在本院审判庭公开开庭审理，逾期将依法缺席裁判。
四川省宜宾市中级人民法院
本院受理原告中国华融资产管理股份有限公司四川省分公司诉被告借款合同纠纷一案，现依法向你公告送达起诉状副本、应诉通知书、举证通知书、开庭传票及证据材料。自公告之日起经过三十日即视为送达。提出答辩状和举证的期限分别为公告期满后十五日和三十日内。并定于举证期满后第三日上午九时（遇法定节假日顺延）在本院第三法庭公开开庭审理，逾期将依法缺席判决。
江苏省苏州市中级人民法院
本院受理原告与被告民间借贷纠纷一案，因你下落不明，依照《中华人民共和国民事诉讼法》第九十二条之规定，向你公告送达民事判决书。自本公告发出之日起经过三十日即视为送达。如不服本判决，可在公告期满后十五日内向本院递交上诉状，并按对方当事人的人数提出副本，上诉于上一级人民法院。逾期本判决即发生法律效力。
江苏省南京市中级人民法院
本院受理申请人申请公示催告一案，申请人因遗失银行承兑汇票一张，向本院申请公示催告。本院决定受理，依照《中华人民共和国民事诉讼法》第二百一十九条规定，现予公告。自公告之日起六十日内，利害关系人应向本院申报权利。届时如果无人申报权利，本院将依法作出判决，宣告上述票据无效。在公示催告期间，转让该票据的行为无效。
江苏省无锡市中级人民法院
本院受理申请人与被申请人申请执行一案，因你下落不明，现依法向你公告送达执行通知书、报告财产令、执行裁定书。自公告之日起经过六十日即视为送达。责令你在公告期满后三日内履行生效法律文书确定的义务，逾期不履行，本院将依法强制执行。
辽宁省鞍山市立山区人民法院
本院受理原告诉被告买卖合同纠纷一案，现依法向你公告送达起诉状副本、应诉通知书、举证通知书、合议庭组成人员通知书及开庭传票。自公告之日起经过六十日即视为送达。提出答辩状的期限和举证期限为公告送达期满后的十五日内。本案定于举证期满后的第三日上午九时在本院审判庭公开开庭审理，逾期将依法缺席裁判。
辽宁省大连市中级人民法院
本院受理原告中国华融资产管理股份有限公司四川省分公司诉被告借款合同纠纷一案，现依法向你公告送达起诉状副本、应诉通知书、举证通知书、开庭传票及证据材料。自公告之日起经过三十日即视为送达。提出答辩状和举证的期限分别为公告期满后十五日和三十日内。并定于举证期满后第三日上午九时（遇法定节假日顺延）在本院第三法庭公开开庭审理，逾期将依法缺席判决。
安徽省宣城市人民法院
本院受理原告与被告民间借贷纠纷一案，因你下落不明，依照《中华人民共和国民事诉讼法》第九十二条之规定，向你公告送达民事判决书。自本公告发出之日起经过三十日即视为送达。如不服本判决，可在公告期满后十五日内向本院递交上诉状，并按对方当事人的人数提出副本，上诉于上一级人民法院。逾期本判决即发生法律效力。
河北省邢台市中级人民法院
本院受理申请人申请公示催告一案，申请人因遗失银行承兑汇票一张，向本院申请公示催告。本院决定受理，依照《中华人民共和国民事诉讼法》第二百一十九条规定，现予公告。自公告之日起六十日内，利害关系人应向本院申报权利。届时如果无人申报权利，本院将依法作出判决，宣告上述票据无效。在公示催告期间，转让该票据的行为无效。
贵州省遵义市中级人民法院
本院受理申请人与被申请人申请执行一案，因你下落不明，现依法向你公告送达执行通知书、报告财产令、执行裁定书。自公告之日起经过六十日即视为送达。责令你在公告期满后三日内履行生效法律文书确定的义务，逾期不履行，本院将依法强制执行。
广东省深圳市中级人民法院
本院受理原告诉被告买卖合同纠纷一案，现依法向你公告送达起诉状副本、应诉通知书、举证通知书、合议庭组成人员通知书及开庭传票。自公告之日起经过六十日即视为送达。提出答辩状的期限和举证期限为公告送达期满后的十五日内。本案定于举证期满后的第三日上午九时在本院审判庭公开开庭审理，逾期将依法缺席裁判。
浙江省杭州市中级人民法院
本院受理原告中国华融资产管理股份有限公司四川省分公司诉被告借款合同纠纷一案，现依法向你公告送达起诉状副本、应诉通知书、举证通知书、开庭传票及证据材料。自公告之日起经过三十日即视为送达。提出答辩状和举证的期限分别为公告期满后十五日和三十日内。并定于举证期满后第三日上午九时（遇法定节假日顺延）在本院第三法庭公开开庭审理，逾期将依法缺席判决。
山东省济南市中级人民法院
本院受理原告与被告民间借贷纠纷一案，因你下落不明，依照《中华人民共和国民事诉讼法》第九十二条之规定，向你公告送达民事判决书。自本公告发出之日起经过三十日即视为送达。如不服本判决，可在公告期满后十五日内向本院递交上诉状，并按对方当事人的人数提出副本，上诉于上一级人民法院。逾期本判决即发生法律效力。
河南省郑州市中级人民法院
本院受理申请人申请公示催告一案，申请人因遗失银行承兑汇票一张，向本院申请公示催告。本院决定受理，依照《中华人民共和国民事诉讼法》第二百一十九条规定，现予公告。自公告之日起六十日内，利害关系人应向本院申报权利。届时如果无人申报权利，本院将依法作出判决，宣告上述票据无效。在公示催告期间，转让该票据的行为无效。
昆山市中级人民法院
本院受理申请人与被申请人申请执行一案，因你下落不明，现依法向你公告送达执行通知书、报告财产令、执行裁定书。自公告之日起经过六十日即视为送达。责令你在公告期满后三日内履行生效法律文书确定的义务，逾期不履行，本院将依法强制执行。
重庆市第一中级人民法院
本院受理原告诉被告买卖合同纠纷一案，现依法向你公告送达起诉状副本、应诉通知书、举证通知书、合议庭组成人员通知书及开庭传票。自公告之日起经过六十日即视为送达。提出答辩状的期限和举证期限为公告送达期满后的十五日内。本案定于举证期满后的第三日上午九时在本院审判庭公开开庭审理，逾期将依法缺席裁判。
四川省遂宁市中级人民法院
本院受理原告中国华融资产管理股份有限公司四川省分公司诉被告借款合同纠纷一案，现依法向你公告送达起诉状副本、应诉通知书、举证通知书、开庭传票及证据材料。自公告之日起经过三十日即视为送达。提出答辩状和举证的期限分别为公告期满后十五日和三十日内。并定于举证期满后第三日上午九时（遇法定节假日顺延）在本院第三法庭公开开庭审理，逾期将依法缺席判决。
四川省成都市中级人民法院
本院受理原告与被告民间借贷纠纷一案，因你下落不明，依照《中华人民共和国民事诉讼法》第九十二条之规定，向你公告送达民事判决书。自本公告发出之日起经过三十日即视为送达。如不服本判决，可在公告期满后十五日内向本院递交上诉状，并按对方当事人的人数提出副本，上诉于上一级人民法院。逾期本判决即发生法律效力。
四川省雅安市中级人民法院
本院受理申请人申请公示催告一案，申请人因遗失银行承兑汇票一张，向本院申请公示催告。本院决定受理，依照《中华人民共和国民事诉讼法》第二百一十九条规定，现予公告。自公告之日起六十日内，利害关系人应向本院申报权利。届时如果无人申报权利，本院将依法作出判决，宣告上述票据无效。在公示催告期间，转让该票据的行为无效。
四川省宜宾市中级人民法院
本院受理申请人与被申请人申请执行一案，因你下落不明，现依法向你公告送达执行通知书、报告财产令、执行裁定书。自公告之日起经过六十日即视为送达。责令你在公告期满后三日内履行生效法律文书确定的义务，逾期不履行，本院将依法强制执行。
江苏省苏州市中级人民法院
本院受理原告诉被告买卖合同纠纷一案，现依法向你公告送达起诉状副本、应诉通知书、举证通知书、合议庭组成人员通知书及开庭传票。自公告之日起经过六十日即视为送达。提出答辩状的期限和举证期限为公告送达期满后的十五日内。本案定于举证期满后的第三日上午九时在本院审判庭公开开庭审理，逾期将依法缺席裁判。
江苏省南京市中级人民法院
本院受理原告中国华融资产管理股份有限公司四川省分公司诉被告借款合同纠纷一案，现依法向你公告送达起诉状副本、应诉通知书、举证通知书、开庭传票及证据材料。自公告之日起经过三十日即视为送达。提出答辩状和举证的期限分别为公告期满后十五日和三十日内。并定于举证期满后第三日上午九时（遇法定节假日顺延）在本院第三法庭公开开庭审理，逾期将依法缺席判决。
江苏省无锡市中级人民法院
本院受理原告与被告民间借贷纠纷一案，因你下落不明，依照《中华人民共和国民事诉讼法》第九十二条之规定，向你公告送达民事判决书。自本公告发出之日起经过三十日即视为送达。如不服本判决，可在公告期满后十五日内向本院递交上诉状，并按对方当事人的人数提出副本，上诉于上一级人民法院。逾期本判决即发生法律效力。
辽宁省鞍山市立山区人民法院
本院受理申请人申请公示催告一案，申请人因遗失银行承兑汇票一张，向本院申请公示催告。本院决定受理，依照《中华人民共和国民事诉讼法》第二百一十九条规定，现予公告。自公告之日起六十日内，利害关系人应向本院申报权利。届时如果无人申报权利，本院将依法作出判决，宣告上述票据无效。在公示催告期间，转让该票据的行为无效。
辽宁省大连市中级人民法院
本院受理申请人与被申请人申请执行一案，因你下落不明，现依法向你公告送达执行通知书、报告财产令、执行裁定书。自公告之日起经过六十日即视为送达。责令你在公告期满后三日内履行生效法律文书确定的义务，逾期不履行，本院将依法强制执行。
安徽省宣城市人民法院
本院受理原告诉被告买卖合同纠纷一案，现依法向你公告送达起诉状副本、应诉通知书、举证通知书、合议庭组成人员通知书及开庭传票。自公告之日起经过六十日即视为送达。提出答辩状的期限和举证期限为公告送达期满后的十五日内。本案定于举证期满后的第三日上午九时在本院审判庭公开开庭审理，逾期将依法缺席裁判。
河北省邢台市中级人民法院
本院受理原告中国华融资产管理股份有限公司四川省分公司诉被告借款合同纠纷一案，现依法向你公告送达起诉状副本、应诉通知书、举证通知书、开庭传票及证据材料。自公告之日起经过三十日即视为送达。提出答辩状和举证的期限分别为公告期满后十五日和三十日内。并定于举证期满后第三日上午九时（遇法定节假日顺延）在本院第三法庭公开开庭审理，逾期将依法缺席判决。
贵州省遵义市中级人民法院
本院受理原告与被告民间借贷纠纷一案，因你下落不明，依照《中华人民共和国民事诉讼法》第九十二条之规定，向你公告送达民事判决书。自本公告发出之日起经过三十日即视为送达。如不服本判决，可在公告期满后十五日内向本院递交上诉状，并按对方当事人的人数提出副本，上诉于上一级人民法院。逾期本判决即发生法律效力。
广东省深圳市中级人民法院
本院受理申请人申请公示催告一案，申请人因遗失银行承兑汇票一张，向本院申请公示催告。本院决定受理，依照《中华人民共和国民事诉讼法》第二百一十九条规定，现予公告。自公告之日起六十日内，利害关系人应向本院申报权利。届时如果无人申报权利，本院将依法作出判决，宣告上述票据无效。在公示催告期间，转让该票据的行为无效。
浙江省杭州市中级人民法院
本院受理申请人与被申请人申请执行一案，因你下落不明，现依法向你公告送达执行通知书、报告财产令、执行裁定书。自公告之日起经过六十日即视为送达。责令你在公告期满后三日内履行生效法律文书确定的义务，逾期不履行，本院将依法强制执行。
山东省济南市中级人民法院
9/12 中缝
公告专栏
本院受理申请人申请公示催告一案，申请人因遗失银行承兑汇票一张，向本院申请公示催告。本院决定受理，依照《中华人民共和国民事诉讼法》第二百一十九条规定，现予公告。自公告之日起六十日内，利害关系人应向本院申报权利。届时如果无人申报权利，本院将依法作出判决，宣告上述票据无效。在公示催告期间，转让该票据的行为无效。
广东省深圳市中级人民法院
本院受理申请人与被申请人申请执行一案，因你下落不明，现依法向你公告送达执行通知书、报告财产令、执行裁定书。自公告之日起经过六十日即视为送达。责令你在公告期满后三日内履行生效法律文书确定的义务，逾期不履行，本院将依法强制执行。
浙江省杭州市中级人民法院
本院受理原告诉被告买卖合同纠纷一案，现依法向你公告送达起诉状副本、应诉通知书、举证通知书、合议庭组成人员通知书及开庭传票。自公告之日起经过六十日即视为送达。提出答辩状的期限和举证期限为公告送达期满后的十五日内。本案定于举证期满后的第三日上午九时在本院审判庭公开开庭审理，逾期将依法缺席裁判。
山东省济南市中级人民法院
本院受理原告中国华融资产管理股份有限公司四川省分公司诉被告借款合同纠纷一案，现依法向你公告送达起诉状副本、应诉通知书、举证通知书、开庭传票及证据材料。自公告之日起经过三十日即视为送达。提出答辩状和举证的期限分别为公告期满后十五日和三十日内。并定于举证期满后第三日上午九时（遇法定节假日顺延）在本院第三法庭公开开庭审理，逾期将依法缺席判决。
河南省郑州市中级人民法院
本院受理原告与被告民间借贷纠纷一案，因你下落不明，依照《中华人民共和国民事诉讼法》第九十二条之规定，向你公告送达民事判决书。自本公告发出之日起经过三十日即视为送达。如不服本判决，可在公告期满后十五日内向本院递交上诉状，并按对方当事人的人数提出副本，上诉于上一级人民法院。逾期本判决即发生法律效力。
昆山市中级人民法院
本院受理申请人申请公示催告一案，申请人因遗失银行承兑汇票一张，向本院申请公示催告。本院决定受理，依照《中华人民共和国民事诉讼法》第二百一十九条规定，现予公告。自公告之日起六十日内，利害关系人应向本院申报权利。届时如果无人申报权利，本院将依法作出判决，宣告上述票据无效。在公示催告期间，转让该票据的行为无效。
重庆市第一中级人民法院
本院受理申请人与被申请人申请执行一案，因你下落不明，现依法向你公告送达执行通知书、报告财产令、执行裁定书。自公告之日起经过六十日即视为送达。责令你在公告期满后三日内履行生效法律文书确定的义务，逾期不履行，本院将依法强制执行。
四川省遂宁市中级人民法院
本院受理原告诉被告买卖合同纠纷一案，现依法向你公告送达起诉状副本、应诉通知书、举证通知书、合议庭组成人员通知书及开庭传票。自公告之日起经过六十日即视为送达。提出答辩状的期限和举证期限为公告送达期满后的十五日内。本案定于举证期满后的第三日上午九时在本院审判庭公开开庭审理，逾期将依法缺席裁判。
四川省成都市中级人民法院
本院受理原告中国华融资产管理股份有限公司四川省分公司诉被告借款合同纠纷一案，现依法向你公告送达起诉状副本、应诉通知书、举证通知书、开庭传票及证据材料。自公告之日起经过三十日即视为送达。提出答辩状和举证的期限分别为公告期满后十五日和三十日内。并定于举证期满后第三日上午九时（遇法定节假日顺延）在本院第三法庭公开开庭审理，逾期将依法缺席判决。
四川省雅安市中级人民法院
本院受理原告与被告民间借贷纠纷一案，因你下落不明，依照《中华人民共和国民事诉讼法》第九十二条之规定，向你公告送达民事判决书。自本公告发出之日起经过三十日即视为送达。如不服本判决，可在公告期满后十五日内向本院递交上诉状，并按对方当事人的人数提出副本，上诉于上一级人民法院。逾期本判决即发生法律效力。
四川省宜宾市中级人民法院
本院受理申请人申请公示催告一案，申请人因遗失银行承兑汇票一张，向本院申请公示催告。本院决定受理，依照《中华人民共和国民事诉讼法》第二百一十九条规定，现予公告。自公告之日起六十日内，利害关系人应向本院申报权利。届时如果无人申报权利，本院将依法作出判决，宣告上述票据无效。在公示催告期间，转让该票据的行为无效。
江苏省苏州市中级人民法院
本院受理申请人与被申请人申请执行一案，因你下落不明，现依法向你公告送达执行通知书、报告财产令、执行裁定书。自公告之日起经过六十日即视为送达。责令你在公告期满后三日内履行生效法律文书确定的义务，逾期不履行，本院将依法强制执行。
江苏省南京市中级人民法院
本院受理原告诉被告买卖合同纠纷一案，现依法向你公告送达起诉状副本、应诉通知书、举证通知书、合议庭组成人员通知书及开庭传票。自公告之日起经过六十日即视为送达。提出答辩状的期限和举证期限为公告送达期满后的十五日内。本案定于举证期满后的第三日上午九时在本院审判庭公开开庭审理，逾期将依法缺席裁判。
江苏省无锡市中级人民法院
本院受理原告中国华融资产管理股份有限公司四川省分公司诉被告借款合同纠纷一案，现依法向你公告送达起诉状副本、应诉通知书、举证通知书、开庭传票及证据材料。自公告之日起经过三十日即视为送达。提出答辩状和举证的期限分别为公告期满后十五日和三十日内。并定于举证期满后第三日上午九时（遇法定节假日顺延）在本院第三法庭公开开庭审理，逾期将依法缺席判决。
辽宁省鞍山市立山区人民法院
本院受理原告与被告民间借贷纠纷一案，因你下落不明，依照《中华人民共和国民事诉讼法》第九十二条之规定，向你公告送达民事判决书。自本公告发出之日起经过三十日即视为送达。如不服本判决，可在公告期满后十五日内向本院递交上诉状，并按对方当事人的人数提出副本，上诉于上一级人民法院。逾期本判决即发生法律效力。
辽宁省大连市中级人民法院
本院受理申请人申请公示催告一案，申请人因遗失银行承兑汇票一张，向本院申请公示催告。本院决定受理，依照《中华人民共和国民事诉讼法》第二百一十九条规定，现予公告。自公告之日起六十日内，利害关系人应向本院申报权利。届时如果无人申报权利，本院将依法作出判决，宣告上述票据无效。在公示催告期间，转让该票据的行为无效。
安徽省宣城市人民法院
本院受理申请人与被申请人申请执行一案，因你下落不明，现依法向你公告送达执行通知书、报告财产令、执行裁定书。自公告之日起经过六十日即视为送达。责令你在公告期满后三日内履行生效法律文书确定的义务，逾期不履行，本院将依法强制执行。
河北省邢台市中级人民法院
本院受理原告诉被告买卖合同纠纷一案，现依法向你公告送达起诉状副本、应诉通知书、举证通知书、合议庭组成人员通知书及开庭传票。自公告之日起经过六十日即视为送达。提出答辩状的期限和举证期限为公告送达期满后的十五日内。本案定于举证期满后的第三日上午九时在本院审判庭公开开庭审理，逾期将依法缺席裁判。
贵州省遵义市中级人民法院
本院受理原告中国华融资产管理股份有限公司四川省分公司诉被告借款合同纠纷一案，现依法向你公告送达起诉状副本、应诉通知书、举证通知书、开庭传票及证据材料。自公告之日起经过三十日即视为送达。提出答辩状和举证的期限分别为公告期满后十五日和三十日内。并定于举证期满后第三日上午九时（遇法定节假日顺延）在本院第三法庭公开开庭审理，逾期将依法缺席判决。
广东省深圳市中级人民法院
本院受理原告与被告民间借贷纠纷一案，因你下落不明，依照《中华人民共和国民事诉讼法》第九十二条之规定，向你公告送达民事判决书。自本公告发出之日起经过三十日即视为送达。如不服本判决，可在公告期满后十五日内向本院递交上诉状，并按对方当事人的人数提出副本，上诉于上一级人民法院。逾期本判决即发生法律效力。
浙江省杭州市中级人民法院
本院受理申请人申请公示催告一案，申请人因遗失银行承兑汇票一张，向本院申请公示催告。本院决定受理，依照《中华人民共和国民事诉讼法》第二百一十九条规定，现予公告。自公告之日起六十日内，利害关系人应向本院申报权利。届时如果无人申报权利，本院将依法作出判决，宣告上述票据无效。在公示催告期间，转让该票据的行为无效。
山东省济南市中级人民法院
本院受理申请人与被申请人申请执行一案，因你下落不明，现依法向你公告送达执行通知书、报告财产令、执行裁定书。自公告之日起经过六十日即视为送达。责令你在公告期满后三日内履行生效法律文书确定的义务，逾期不履行，本院将依法强制执行。
河南省郑州市中级人民法院
本院受理原告诉被告买卖合同纠纷一案，现依法向你公告送达起诉状副本、应诉通知书、举证通知书、合议庭组成人员通知书及开庭传票。自公告之日起经过六十日即视为送达。提出答辩状的期限和举证期限为公告送达期满后的十五日内。本案定于举证期满后的第三日上午九时在本院审判庭公开开庭审理，逾期将依法缺席裁判。
昆山市中级人民法院
本院受理原告中国华融资产管理股份有限公司四川省分公司诉被告借款合同纠纷一案，现依法向你公告送达起诉状副本、应诉通知书、举证通知书、开庭传票及证据材料。自公告之日起经过三十日即视为送达。提出答辩状和举证的期限分别为公告期满后十五日和三十日内。并定于举证期满后第三日上午九时（遇法定节假日顺延）在本院第三法庭公开开庭审理，逾期将依法缺席判决。
重庆市第一中级人民法院
本院受理原告与被告民间借贷纠纷一案，因你下落不明，依照《中华人民共和国民事诉讼法》第九十二条之规定，向你公告送达民事判决书。自本公告发出之日起经过三十日即视为送达。如不服本判决，可在公告期满后十五日内向本院递交上诉状，并按对方当事人的人数提出副本，上诉于上一级人民法院。逾期本判决即发生法律效力。
四川省遂宁市中级人民法院
本院受理申请人申请公示催告一案，申请人因遗失银行承兑汇票一张，向本院申请公示催告。本院决定受理，依照《中华人民共和国民事诉讼法》第二百一十九条规定，现予公告。自公告之日起六十日内，利害关系人应向本院申报权利。届时如果无人申报权利，本院将依法作出判决，宣告上述票据无效。在公示催告期间，转让该票据的行为无效。
四川省成都市中级人民法院
本院受理申请人与被申请人申请执行一案，因你下落不明，现依法向你公告送达执行通知书、报告财产令、执行裁定书。自公告之日起经过六十日即视为送达。责令你在公告期满后三日内履行生效法律文书确定的义务，逾期不履行，本院将依法强制执行。
四川省雅安市中级人民法院
本院受理原告诉被告买卖合同纠纷一案，现依法向你公告送达起诉状副本、应诉通知书、举证通知书、合议庭组成人员通知书及开庭传票。自公告之日起经过六十日即视为送达。提出答辩状的期限和举证期限为公告送达期满后的十五日内。本案定于举证期满后的第三日上午九时在本院审判庭公开开庭审理，逾期将依法缺席裁判。
四川省宜宾市中级人民法院
本院受理原告中国华融资产管理股份有限公司四川省分公司诉被告借款合同纠纷一案，现依法向你公告送达起诉状副本、应诉通知书、举证通知书、开庭传票及证据材料。自公告之日起经过三十日即视为送达。提出答辩状和举证的期限分别为公告期满后十五日和三十日内。并定于举证期满后第三日上午九时（遇法定节假日顺延）在本院第三法庭公开开庭审理，逾期将依法缺席判决。
江苏省苏州市中级人民法院
本院受理原告与被告民间借贷纠纷一案，因你下落不明，依照《中华人民共和国民事诉讼法》第九十二条之规定，向你公告送达民事判决书。自本公告发出之日起经过三十日即视为送达。如不服本判决，可在公告期满后十五日内向本院递交上诉状，并按对方当事人的人数提出副本，上诉于上一级人民法院。逾期本判决即发生法律效力。
江苏省南京市中级人民法院
本院受理申请人申请公示催告一案，申请人因遗失银行承兑汇票一张，向本院申请公示催告。本院决定受理，依照《中华人民共和国民事诉讼法》第二百一十九条规定，现予公告。自公告之日起六十日内，利害关系人应向本院申报权利。届时如果无人申报权利，本院将依法作出判决，宣告上述票据无效。在公示催告期间，转让该票据的行为无效。
江苏省无锡市中级人民法院
本院受理申请人与被申请人申请执行一案，因你下落不明，现依法向你公告送达执行通知书、报告财产令、执行裁定书。自公告之日起经过六十日即视为送达。责令你在公告期满后三日内履行生效法律文书确定的义务，逾期不履行，本院将依法强制执行。
辽宁省鞍山市立山区人民法院
本院受理原告诉被告买卖合同纠纷一案，现依法向你公告送达起诉状副本、应诉通知书、举证通知书、合议庭组成人员通知书及开庭传票。自公告之日起经过六十日即视为送达。提出答辩状的期限和举证期限为公告送达期满后的十五日内。本案定于举证期满后的第三日上午九时在本院审判庭公开开庭审理，逾期将依法缺席裁判。
辽宁省大连市中级人民法院
本院受理原告中国华融资产管理股份有限公司四川省分公司诉被告借款合同纠纷一案，现依法向你公告送达起诉状副本、应诉通知书、举证通知书、开庭传票及证据材料。自公告之日起经过三十日即视为送达。提出答辩状和举证的期限分别为公告期满后十五日和三十日内。并定于举证期满后第三日上午九时（遇法定节假日顺延）在本院第三法庭公开开庭审理，逾期将依法缺席判决。
安徽省宣城市人民法院
本院受理原告与被告民间借贷纠纷一案，因你下落不明，依照《中华人民共和国民事诉讼法》第九十二条之规定，向你公告送达民事判决书。自本公告发出之日起经过三十日即视为送达。如不服本判决，可在公告期满后十五日内向本院递交上诉状，并按对方当事人的人数提出副本，上诉于上一级人民法院。逾期本判决即发生法律效力。
河北省邢台市中级人民法院
本院受理申请人申请公示催告一案，申请人因遗失银行承兑汇票一张，向本院申请公示催告。本院决定受理，依照《中华人民共和国民事诉讼法》第二百一十九条规定，现予公告。自公告之日起六十日内，利害关系人应向本院申报权利。届时如果无人申报权利，本院将依法作出判决，宣告上述票据无效。在公示催告期间，转让该票据的行为无效。
贵州省遵义市中级人民法院
本院受理申请人与被申请人申请执行一案，因你下落不明，现依法向你公告送达执行通知书、报告财产令、执行裁定书。自公告之日起经过六十日即视为送达。责令你在公告期满后三日内履行生效法律文书确定的义务，逾期不履行，本院将依法强制执行。
广东省深圳市中级人民法院
本院受理原告诉被告买卖合同纠纷一案，现依法向你公告送达起诉状副本、应诉通知书、举证通知书、合议庭组成人员通知书及开庭传票。自公告之日起经过六十日即视为送达。提出答辩状的期限和举证期限为公告送达期满后的十五日内。本案定于举证期满后的第三日上午九时在本院审判庭公开开庭审理，逾期将依法缺席裁判。
浙江省杭州市中级人民法院
本院受理原告中国华融资产管理股份有限公司四川省分公司诉被告借款合同纠纷一案，现依法向你公告送达起诉状副本、应诉通知书、举证通知书、开庭传票及证据材料。自公告之日起经过三十日即视为送达。提出答辩状和举证的期限分别为公告期满后十五日和三十日内。并定于举证期满后第三日上午九时（遇法定节假日顺延）在本院第三法庭公开开庭审理，逾期将依法缺席判决。
山东省济南市中级人民法院
本院受理原告与被告民间借贷纠纷一案，因你下落不明，依照《中华人民共和国民事诉讼法》第九十二条之规定，向你公告送达民事判决书。自本公告发出之日起经过三十日即视为送达。如不服本判决，可在公告期满后十五日内向本院递交上诉状，并按对方当事人的人数提出副本，上诉于上一级人民法院。逾期本判决即发生法律效力。
河南省郑州市中级人民法院
本院受理申请人申请公示催告一案，申请人因遗失银行承兑汇票一张，向本院申请公示催告。本院决定受理，依照《中华人民共和国民事诉讼法》第二百一十九条规定，现予公告。自公告之日起六十日内，利害关系人应向本院申报权利。届时如果无人申报权利，本院将依法作出判决，宣告上述票据无效。在公示催告期间，转让该票据的行为无效。
昆山市中级人民法院
本院受理申请人与被申请人申请执行一案，因你下落不明，现依法向你公告送达执行通知书、报告财产令、执行裁定书。自公告之日起经过六十日即视为送达。责令你在公告期满后三日内履行生效法律文书确定的义务，逾期不履行，本院将依法强制执行。
重庆市第一中级人民法院
本院受理原告诉被告买卖合同纠纷一案，现依法向你公告送达起诉状副本、应诉通知书、举证通知书、合议庭组成人员通知书及开庭传票。自公告之日起经过六十日即视为送达。提出答辩状的期限和举证期限为公告送达期满后的十五日内。本案定于举证期满后的第三日上午九时在本院审判庭公开开庭审理，逾期将依法缺席裁判。
四川省遂宁市中级人民法院
本院受理原告中国华融资产管理股份有限公司四川省分公司诉被告借款合同纠纷一案，现依法向你公告送达起诉状副本、应诉通知书、举证通知书、开庭传票及证据材料。自公告之日起经过三十日即视为送达。提出答辩状和举证的期限分别为公告期满后十五日和三十日内。并定于举证期满后第三日上午九时（遇法定节假日顺延）在本院第三法庭公开开庭审理，逾期将依法缺席判决。
四川省成都市中级人民法院
本院受理原告与被告民间借贷纠纷一案，因你下落不明，依照《中华人民共和国民事诉讼法》第九十二条之规定，向你公告送达民事判决书。自本公告发出之日起经过三十日即视为送达。如不服本判决，可在公告期满后十五日内向本院递交上诉状，并按对方当事人的人数提出副本，上诉于上一级人民法院。逾期本判决即发生法律效力。
四川省雅安市中级人民法院
本院受理申请人申请公示催告一案，申请人因遗失银行承兑汇票一张，向本院申请公示催告。本院决定受理，依照《中华人民共和国民事诉讼法》第二百一十九条规定，现予公告。自公告之日起六十日内，利害关系人应向本院申报权利。届时如果无人申报权利，本院将依法作出判决，宣告上述票据无效。在公示催告期间，转让该票据的行为无效。
四川省宜宾市中级人民法院
本院受理申请人与被申请人申请执行一案，因你下落不明，现依法向你公告送达执行通知书、报告财产令、执行裁定书。自公告之日起经过六十日即视为送达。责令你在公告期满后三日内履行生效法律文书确定的义务，逾期不履行，本院将依法强制执行。
江苏省苏州市中级人民法院
本院受理原告诉被告买卖合同纠纷一案，现依法向你公告送达起诉状副本、应诉通知书、举证通知书、合议庭组成人员通知书及开庭传票。自公告之日起经过六十日即视为送达。提出答辩状的期限和举证期限为公告送达期满后的十五日内。本案定于举证期满后的第三日上午九时在本院审判庭公开开庭审理，逾期将依法缺席裁判。
江苏省南京市中级人民法院
本院受理原告中国华融资产管理股份有限公司四川省分公司诉被告借款合同纠纷一案，现依法向你公告送达起诉状副本、应诉通知书、举证通知书、开庭传票及证据材料。自公告之日起经过三十日即视为送达。提出答辩状和举证的期限分别为公告期满后十五日和三十日内。并定于举证期满后第三日上午九时（遇法定节假日顺延）在本院第三法庭公开开庭审理，逾期将依法缺席判决。
江苏省无锡市中级人民法院
本院受理原告与被告民间借贷纠纷一案，因你下落不明，依照《中华人民共和国民事诉讼法》第九十二条之规定，向你公告送达民事判决书。自本公告发出之日起经过三十日即视为送达。如不服本判决，可在公告期满后十五日内向本院递交上诉状，并按对方当事人的人数提出副本，上诉于上一级人民法院。逾期本判决即发生法律效力。
辽宁省鞍山市立山区人民法院
本院受理申请人申请公示催告一案，申请人因遗失银行承兑汇票一张，向本院申请公示催告。本院决定受理，依照《中华人民共和国民事诉讼法》第二百一十九条规定，现予公告。自公告之日起六十日内，利害关系人应向本院申报权利。届时如果无人申报权利，本院将依法作出判决，宣告上述票据无效。在公示催告期间，转让该票据的行为无效。
辽宁省大连市中级人民法院
本院受理申请人与被申请人申请执行一案，因你下落不明，现依法向你公告送达执行通知书、报告财产令、执行裁定书。自公告之日起经过六十日即视为送达。责令你在公告期满后三日内履行生效法律文书确定的义务，逾期不履行，本院将依法强制执行。
安徽省宣城市人民法院
本院受理原告诉被告买卖合同纠纷一案，现依法向你公告送达起诉状副本、应诉通知书、举证通知书、合议庭组成人员通知书及开庭传票。自公告之日起经过六十日即视为送达。提出答辩状的期限和举证期限为公告送达期满后的十五日内。本案定于举证期满后的第三日上午九时在本院审判庭公开开庭审理，逾期将依法缺席裁判。
河北省邢台市中级人民法院
本院受理原告中国华融资产管理股份有限公司四川省分公司诉被告借款合同纠纷一案，现依法向你公告送达起诉状副本、应诉通知书、举证通知书、开庭传票及证据材料。自公告之日起经过三十日即视为送达。提出答辩状和举证的期限分别为公告期满后十五日和三十日内。并定于举证期满后第三日上午九时（遇法定节假日顺延）在本院第三法庭公开开庭审理，逾期将依法缺席判决。
贵州省遵义市中级人民法院
本院受理原告与被告民间借贷纠纷一案，因你下落不明，依照《中华人民共和国民事诉讼法》第九十二条之规定，向你公告送达民事判决书。自本公告发出之日起经过三十日即视为送达。如不服本判决，可在公告期满后十五日内向本院递交上诉状，并按对方当事人的人数提出副本，上诉于上一级人民法院。逾期本判决即发生法律效力。
广东省深圳市中级人民法院
本院受理申请人申请公示催告一案，申请人因遗失银行承兑汇票一张，向本院申请公示催告。本院决定受理，依照《中华人民共和国民事诉讼法》第二百一十九条规定，现予公告。自公告之日起六十日内，利害关系人应向本院申报权利。届时如果无人申报权利，本院将依法作出判决，宣告上述票据无效。在公示催告期间，转让该票据的行为无效。
浙江省杭州市中级人民法院
本院受理申请人与被申请人申请执行一案，因你下落不明，现依法向你公告送达执行通知书、报告财产令、执行裁定书。自公告之日起经过六十日即视为送达。责令你在公告期满后三日内履行生效法律文书确定的义务，逾期不履行，本院将依法强制执行。
山东省济南市中级人民法院
本院受理原告诉被告买卖合同纠纷一案，现依法向你公告送达起诉状副本、应诉通知书、举证通知书、合议庭组成人员通知书及开庭传票。自公告之日起经过六十日即视为送达。提出答辩状的期限和举证期限为公告送达期满后的十五日内。本案定于举证期满后的第三日上午九时在本院审判庭公开开庭审理，逾期将依法缺席裁判。
河南省郑州市中级人民法院
本院受理原告中国华融资产管理股份有限公司四川省分公司诉被告借款合同纠纷一案，现依法向你公告送达起诉状副本、应诉通知书、举证通知书、开庭传票及证据材料。自公告之日起经过三十日即视为送达。提出答辩状和举证的期限分别为公告期满后十五日和三十日内。并定于举证期满后第三日上午九时（遇法定节假日顺延）在本院第三法庭公开开庭审理，逾期将依法缺席判决。
昆山市中级人民法院
本院受理原告与被告民间借贷纠纷一案，因你下落不明，依照《中华人民共和国民事诉讼法》第九十二条之规定，向你公告送达民事判决书。自本公告发出之日起经过三十日即视为送达。如不服本判决，可在公告期满后十五日内向本院递交上诉状，并按对方当事人的人数提出副本，上诉于上一级人民法院。逾期本判决即发生法律效力。
重庆市第一中级人民法院
10/11 中缝
公告专栏
遗失声明
遗失公章一枚，编号，特此声明作废。遗失声明：本人不慎遗失身份证，证号作废，特此声明。
遗失声明：本人不慎遗失身份证，证号作废，特此声明。遗失营业执照正副本，统一社会信用代码遗失作废。
本院受理申请人申请公示催告一案，申请人因遗失银行承兑汇票一张，向本院申请公示催告。本院决定受理，依照《中华人民共和国民事诉讼法》第二百一十九条规定，现予公告。自公告之日起六十日内，利害关系人应向本院申报权利。届时如果无人申报权利，本院将依法作出判决，宣告上述票据无效。在公示催告期间，转让该票据的行为无效。
重庆市第一中级人民法院
遗失开户许可证，核准号，声明作废。遗失公章一枚，编号，特此声明作废。
遗失公章一枚，编号，特此声明作废。遗失声明：本人不慎遗失身份证，证号作废，特此声明。
本院受理原告中国华融资产管理股份有限公司四川省分公司诉被告借款合同纠纷一案，现依法向你公告送达起诉状副本、应诉通知书、举证通知书、开庭传票及证据材料。自公告之日起经过三十日即视为送达。提出答辩状和举证的期限分别为公告期满后十五日和三十日内。并定于举证期满后第三日上午九时（遇法定节假日顺延）在本院第三法庭公开开庭审理，逾期将依法缺席判决。
四川省雅安市中级人民法院
遗失营业执照正副本，统一社会信用代码遗失作废。遗失开户许可证，核准号，声明作废。
遗失开户许可证，核准号，声明作废。遗失公章一枚，编号，特此声明作废。
本院受理申请人与被申请人申请执行一案，因你下落不明，现依法向你公告送达执行通知书、报告财产令、执行裁定书。自公告之日起经过六十日即视为送达。责令你在公告期满后三日内履行生效法律文书确定的义务，逾期不履行，本院将依法强制执行。
江苏省南京市中级人民法院
遗失声明：本人不慎遗失身份证，证号作废，特此声明。遗失营业执照正副本，统一社会信用代码遗失作废。
遗失营业执照正副本，统一社会信用代码遗失作废。遗失开户许可证，核准号，声明作废。
本院受理原告与被告民间借贷纠纷一案，因你下落不明，依照《中华人民共和国民事诉讼法》第九十二条之规定，向你公告送达民事判决书。自本公告发出之日起经过三十日即视为送达。如不服本判决，可在公告期满后十五日内向本院递交上诉状，并按对方当事人的人数提出副本，上诉于上一级人民法院。逾期本判决即发生法律效力。
辽宁省大连市中级人民法院
遗失公章一枚，编号，特此声明作废。遗失声明：本人不慎遗失身份证，证号作废，特此声明。
遗失声明：本人不慎遗失身份证，证号作废，特此声明。遗失营业执照正副本，统一社会信用代码遗失作废。
本院受理原告诉被告买卖合同纠纷一案，现依法向你公告送达起诉状副本、应诉通知书、举证通知书、合议庭组成人员通知书及开庭传票。自公告之日起经过六十日即视为送达。提出答辩状的期限和举证期限为公告送达期满后的十五日内。本案定于举证期满后的第三日上午九时在本院审判庭公开开庭审理，逾期将依法缺席裁判。
贵州省遵义市中级人民法院
遗失开户许可证，核准号，声明作废。遗失公章一枚，编号，特此声明作废。
遗失公章一枚，编号，特此声明作废。遗失声明：本人不慎遗失身份证，证号作废，特此声明。
本院受理申请人申请公示催告一案，申请人因遗失银行承兑汇票一张，向本院申请公示催告。本院决定受理，依照《中华人民共和国民事诉讼法》第二百一十九条规定，现予公告。自公告之日起六十日内，利害关系人应向本院申报权利。届时如果无人申报权利，本院将依法作出判决，宣告上述票据无效。在公示催告期间，转让该票据的行为无效。
山东省济南市中级人民法院
遗失营业执照正副本，统一社会信用代码遗失作废。遗失开户许可证，核准号，声明作废。
遗失开户许可证，核准号，声明作废。遗失公章一枚，编号，特此声明作废。
本院受理原告中国华融资产管理股份有限公司四川省分公司诉被告借款合同纠纷一案，现依法向你公告送达起诉状副本、应诉通知书、举证通知书、开庭传票及证据材料。自公告之日起经过三十日即视为送达。提出答辩状和举证的期限分别为公告期满后十五日和三十日内。并定于举证期满后第三日上午九时（遇法定节假日顺延）在本院第三法庭公开开庭审理，逾期将依法缺席判决。
重庆市第一中级人民法院
遗失声明：本人不慎遗失身份证，证号作废，特此声明。遗失营业执照正副本，统一社会信用代码遗失作废。
遗失营业执照正副本，统一社会信用代码遗失作废。遗失开户许可证，核准号，声明作废。
本院受理申请人与被申请人申请执行一案，因你下落不明，现依法向你公告送达执行通知书、报告财产令、执行裁定书。自公告之日起经过六十日即视为送达。责令你在公告期满后三日内履行生效法律文书确定的义务，逾期不履行，本院将依法强制执行。
四川省雅安市中级人民法院
遗失公章一枚，编号，特此声明作废。遗失声明：本人不慎遗失身份证，证号作废，特此声明。
遗失声明：本人不慎遗失身份证，证号作废，特此声明。遗失营业执照正副本，统一社会信用代码遗失作废。
本院受理原告与被告民间借贷纠纷一案，因你下落不明，依照《中华人民共和国民事诉讼法》第九十二条之规定，向你公告送达民事判决书。自本公告发出之日起经过三十日即视为送达。如不服本判决，可在公告期满后十五日内向本院递交上诉状，并按对方当事人的人数提出副本，上诉于上一级人民法院。逾期本判决即发生法律效力。
江苏省南京市中级人民法院
遗失开户许可证，核准号，声明作废。遗失公章一枚，编号，特此声明作废。
遗失公章一枚，编号，特此声明作废。遗失声明：本人不慎遗失身份证，证号作废，特此声明。
本院受理原告诉被告买卖合同纠纷一案，现依法向你公告送达起诉状副本、应诉通知书、举证通知书、合议庭组成人员通知书及开庭传票。自公告之日起经过六十日即视为送达。提出答辩状的期限和举证期限为公告送达期满后的十五日内。本案定于举证期满后的第三日上午九时在本院审判庭公开开庭审理，逾期将依法缺席裁判。
辽宁省大连市中级人民法院
遗失营业执照正副本，统一社会信用代码遗失作废。遗失开户许可证，核准号，声明作废。
遗失开户许可证，核准号，声明作废。遗失公章一枚，编号，特此声明作废。
本院受理申请人申请公示催告一案，申请人因遗失银行承兑汇票一张，向本院申请公示催告。本院决定受理，依照《中华人民共和国民事诉讼法》第二百一十九条规定，现予公告。自公告之日起六十日内，利害关系人应向本院申报权利。届时如果无人申报权利，本院将依法作出判决，宣告上述票据无效。在公示催告期间，转让该票据的行为无效。
贵州省遵义市中级人民法院
遗失声明：本人不慎遗失身份证，证号作废，特此声明。遗失营业执照正副本，统一社会信用代码遗失作废。
遗失营业执照正副本，统一社会信用代码遗失作废。遗失开户许可证，核准号，声明作废。
本院受理原告中国华融资产管理股份有限公司四川省分公司诉被告借款合同纠纷一案，现依法向你公告送达起诉状副本、应诉通知书、举证通知书、开庭传票及证据材料。自公告之日起经过三十日即视为送达。提出答辩状和举证的期限分别为公告期满后十五日和三十日内。并定于举证期满后第三日上午九时（遇法定节假日顺延）在本院第三法庭公开开庭审理，逾期将依法缺席判决。
山东省济南市中级人民法院
遗失公章一枚，编号，特此声明作废。遗失声明：本人不慎遗失身份证，证号作废，特此声明。
遗失声明：本人不慎遗失身份证，证号作废，特此声明。遗失营业执照正副本，统一社会信用代码遗失作废。
本院受理申请人与被申请人申请执行一案，因你下落不明，现依法向你公告送达执行通知书、报告财产令、执行裁定书。自公告之日起经过六十日即视为送达。责令你在公告期满后三日内履行生效法律文书确定的义务，逾期不履行，本院将依法强制执行。
重庆市第一中级人民法院
遗失开户许可证，核准号，声明作废。遗失公章一枚，编号，特此声明作废。
遗失公章一枚，编号，特此声明作废。遗失声明：本人不慎遗失身份证，证号作废，特此声明。
本院受理原告与被告民间借贷纠纷一案，因你下落不明，依照《中华人民共和国民事诉讼法》第九十二条之规定，向你公告送达民事判决书。自本公告发出之日起经过三十日即视为送达。如不服本判决，可在公告期满后十五日内向本院递交上诉状，并按对方当事人的人数提出副本，上诉于上一级人民法院。逾期本判决即发生法律效力。
四川省雅安市中级人民法院
遗失营业执照正副本，统一社会信用代码遗失作废。遗失开户许可证，核准号，声明作废。
遗失开户许可证，核准号，声明作废。遗失公章一枚，编号，特此声明作废。
本院受理原告诉被告买卖合同纠纷一案，现依法向你公告送达起诉状副本、应诉通知书、举证通知书、合议庭组成人员通知书及开庭传票。自公告之日起经过六十日即视为送达。提出答辩状的期限和举证期限为公告送达期满后的十五日内。本案定于举证期满后的第三日上午九时在本院审判庭公开开庭审理，逾期将依法缺席裁判。
江苏省南京市中级人民法院
遗失声明：本人不慎遗失身份证，证号作废，特此声明。遗失营业执照正副本，统一社会信用代码遗失作废。
遗失营业执照正副本，统一社会信用代码遗失作废。遗失开户许可证，核准号，声明作废。
本院受理申请人申请公示催告一案，申请人因遗失银行承兑汇票一张，向本院申请公示催告。本院决定受理，依照《中华人民共和国民事诉讼法》第二百一十九条规定，现予公告。自公告之日起六十日内，利害关系人应向本院申报权利。届时如果无人申报权利，本院将依法作出判决，宣告上述票据无效。在公示催告期间，转让该票据的行为无效。
辽宁省大连市中级人民法院
遗失公章一枚，编号，特此声明作废。遗失声明：本人不慎遗失身份证，证号作废，特此声明。
遗失声明：本人不慎遗失身份证，证号作废，特此声明。遗失营业执照正副本，统一社会信用代码遗失作废。
本院受理原告中国华融资产管理股份有限公司四川省分公司诉被告借款合同纠纷一案，现依法向你公告送达起诉状副本、应诉通知书、举证通知书、开庭传票及证据材料。自公告之日起经过三十日即视为送达。提出答辩状和举证的期限分别为公告期满后十五日和三十日内。并定于举证期满后第三日上午九时（遇法定节假日顺延）在本院第三法庭公开开庭审理，逾期将依法缺席判决。
贵州省遵义市中级人民法院
遗失开户许可证，核准号，声明作废。遗失公章一枚，编号，特此声明作废。
遗失公章一枚，编号，特此声明作废。遗失声明：本人不慎遗失身份证，证号作废，特此声明。
本院受理申请人与被申请人申请执行一案，因你下落不明，现依法向你公告送达执行通知书、报告财产令、执行裁定书。自公告之日起经过六十日即视为送达。责令你在公告期满后三日内履行生效法律文书确定的义务，逾期不履行，本院将依法强制执行。
山东省济南市中级人民法院
遗失营业执照正副本，统一社会信用代码遗失作废。遗失开户许可证，核准号，声明作废。
遗失开户许可证，核准号，声明作废。遗失公章一枚，编号，特此声明作废。
本院受理原告与被告民间借贷纠纷一案，因你下落不明，依照《中华人民共和国民事诉讼法》第九十二条之规定，向你公告送达民事判决书。自本公告发出之日起经过三十日即视为送达。如不服本判决，可在公告期满后十五日内向本院递交上诉状，并按对方当事人的人数提出副本，上诉于上一级人民法院。逾期本判决即发生法律效力。
重庆市第一中级人民法院
遗失声明：本人不慎遗失身份证，证号作废，特此声明。遗失营业执照正副本，统一社会信用代码遗失作废。
遗失营业执照正副本，统一社会信用代码遗失作废。遗失开户许可证，核准号，声明作废。
本院受理原告诉被告买卖合同纠纷一案，现依法向你公告送达起诉状副本、应诉通知书、举证通知书、合议庭组成人员通知书及开庭传票。自公告之日起经过六十日即视为送达。提出答辩状的期限和举证期限为公告送达期满后的十五日内。本案定于举证期满后的第三日上午九时在本院审判庭公开开庭审理，逾期将依法缺席裁判。
四川省雅安市中级人民法院
